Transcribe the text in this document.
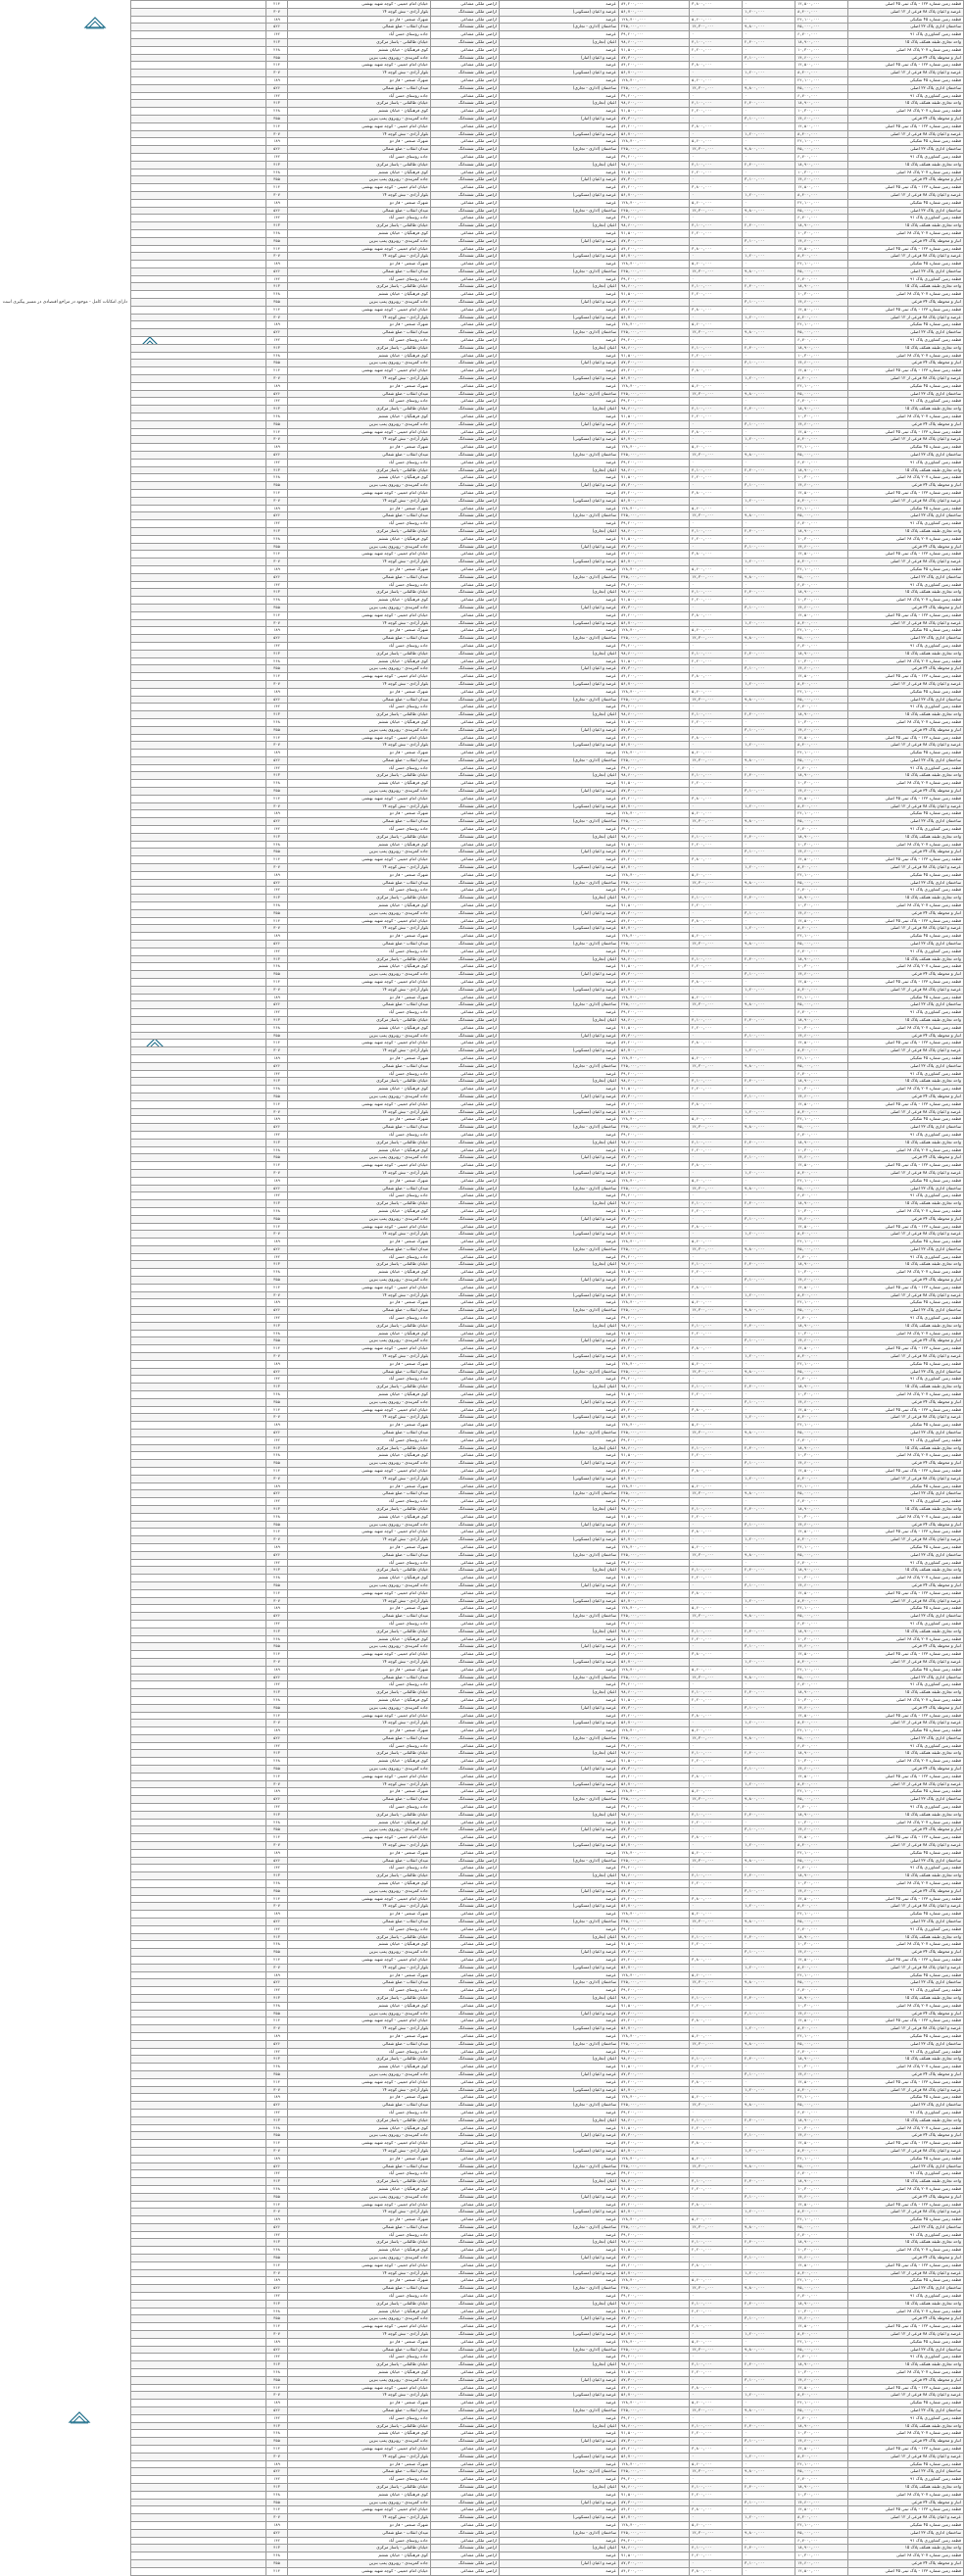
دارای امکانات کامل - موجود در مراجع اقتصادی در مسیر پیگیری است
قطعه زمین شماره ۱۲۳ - پلاک ثبتی ۴۵ اصلی	۱۲,۵۰۰,۰۰۰	۰	۳,۸۰۰,۰۰۰	۸۴,۲۰۰,۰۰۰	عرصه	اراضی ملکی مشاعی	خیابان امام خمینی - کوچه شهید بهشتی	۲۱۴	
عرصه و اعیان پلاک ۷۸ فرعی از ۱۲ اصلی	۸,۴۰۰,۰۰۰	۱,۲۰۰,۰۰۰	۰	۵۶,۷۰۰,۰۰۰	عرصه و اعیان (مسکونی)	اراضی ملکی ششدانگ	بلوار آزادی - نبش کوچه ۱۴	۳۰۷	
قطعه زمین شماره ۴۵ تفکیکی	۲۲,۱۰۰,۰۰۰	۰	۵,۶۰۰,۰۰۰	۱۲۸,۴۰۰,۰۰۰	عرصه	اراضی ملکی مشاعی	شهرک صنعتی - فاز دو	۱۸۹	
ساختمان اداری پلاک ۲۳ اصلی	۴۵,۰۰۰,۰۰۰	۹,۸۰۰,۰۰۰	۱۲,۳۰۰,۰۰۰	۲۴۵,۰۰۰,۰۰۰	ساختمان (اداری - تجاری)	اراضی ملکی ششدانگ	میدان انقلاب - ضلع شمالی	۵۲۶	
قطعه زمین کشاورزی پلاک ۹۱	۶,۷۰۰,۰۰۰	۰	۰	۳۹,۲۰۰,۰۰۰	عرصه	اراضی ملکی مشاعی	جاده روستای حسن آباد	۱۴۲	
واحد تجاری طبقه همکف پلاک ۱۵	۱۸,۹۰۰,۰۰۰	۲,۴۰۰,۰۰۰	۴,۱۰۰,۰۰۰	۹۸,۶۰۰,۰۰۰	اعیان (تجاری)	اراضی ملکی ششدانگ	خیابان طالقانی - پاساژ مرکزی	۴۱۳	
قطعه زمین شماره ۲۰۷ پلاک ۶۸ اصلی	۱۰,۳۰۰,۰۰۰	۰	۲,۲۰۰,۰۰۰	۷۱,۵۰۰,۰۰۰	عرصه	اراضی ملکی مشاعی	کوی فرهنگیان - خیابان ششم	۲۶۸	
انبار و محوطه پلاک ۳۴ فرعی	۱۴,۶۰۰,۰۰۰	۳,۱۰۰,۰۰۰	۰	۸۷,۳۰۰,۰۰۰	عرصه و اعیان (انبار)	اراضی ملکی ششدانگ	جاده کمربندی - روبروی پمپ بنزین	۳۵۵	
قطعه زمین شماره ۱۲۳ - پلاک ثبتی ۴۵ اصلی	۱۲,۵۰۰,۰۰۰	۰	۳,۸۰۰,۰۰۰	۸۴,۲۰۰,۰۰۰	عرصه	اراضی ملکی مشاعی	خیابان امام خمینی - کوچه شهید بهشتی	۲۱۴	
عرصه و اعیان پلاک ۷۸ فرعی از ۱۲ اصلی	۸,۴۰۰,۰۰۰	۱,۲۰۰,۰۰۰	۰	۵۶,۷۰۰,۰۰۰	عرصه و اعیان (مسکونی)	اراضی ملکی ششدانگ	بلوار آزادی - نبش کوچه ۱۴	۳۰۷	
قطعه زمین شماره ۴۵ تفکیکی	۲۲,۱۰۰,۰۰۰	۰	۵,۶۰۰,۰۰۰	۱۲۸,۴۰۰,۰۰۰	عرصه	اراضی ملکی مشاعی	شهرک صنعتی - فاز دو	۱۸۹	
ساختمان اداری پلاک ۲۳ اصلی	۴۵,۰۰۰,۰۰۰	۹,۸۰۰,۰۰۰	۱۲,۳۰۰,۰۰۰	۲۴۵,۰۰۰,۰۰۰	ساختمان (اداری - تجاری)	اراضی ملکی ششدانگ	میدان انقلاب - ضلع شمالی	۵۲۶	
قطعه زمین کشاورزی پلاک ۹۱	۶,۷۰۰,۰۰۰	۰	۰	۳۹,۲۰۰,۰۰۰	عرصه	اراضی ملکی مشاعی	جاده روستای حسن آباد	۱۴۲	
واحد تجاری طبقه همکف پلاک ۱۵	۱۸,۹۰۰,۰۰۰	۲,۴۰۰,۰۰۰	۴,۱۰۰,۰۰۰	۹۸,۶۰۰,۰۰۰	اعیان (تجاری)	اراضی ملکی ششدانگ	خیابان طالقانی - پاساژ مرکزی	۴۱۳	
قطعه زمین شماره ۲۰۷ پلاک ۶۸ اصلی	۱۰,۳۰۰,۰۰۰	۰	۲,۲۰۰,۰۰۰	۷۱,۵۰۰,۰۰۰	عرصه	اراضی ملکی مشاعی	کوی فرهنگیان - خیابان ششم	۲۶۸	
انبار و محوطه پلاک ۳۴ فرعی	۱۴,۶۰۰,۰۰۰	۳,۱۰۰,۰۰۰	۰	۸۷,۳۰۰,۰۰۰	عرصه و اعیان (انبار)	اراضی ملکی ششدانگ	جاده کمربندی - روبروی پمپ بنزین	۳۵۵	
قطعه زمین شماره ۱۲۳ - پلاک ثبتی ۴۵ اصلی	۱۲,۵۰۰,۰۰۰	۰	۳,۸۰۰,۰۰۰	۸۴,۲۰۰,۰۰۰	عرصه	اراضی ملکی مشاعی	خیابان امام خمینی - کوچه شهید بهشتی	۲۱۴	
عرصه و اعیان پلاک ۷۸ فرعی از ۱۲ اصلی	۸,۴۰۰,۰۰۰	۱,۲۰۰,۰۰۰	۰	۵۶,۷۰۰,۰۰۰	عرصه و اعیان (مسکونی)	اراضی ملکی ششدانگ	بلوار آزادی - نبش کوچه ۱۴	۳۰۷	
قطعه زمین شماره ۴۵ تفکیکی	۲۲,۱۰۰,۰۰۰	۰	۵,۶۰۰,۰۰۰	۱۲۸,۴۰۰,۰۰۰	عرصه	اراضی ملکی مشاعی	شهرک صنعتی - فاز دو	۱۸۹	
ساختمان اداری پلاک ۲۳ اصلی	۴۵,۰۰۰,۰۰۰	۹,۸۰۰,۰۰۰	۱۲,۳۰۰,۰۰۰	۲۴۵,۰۰۰,۰۰۰	ساختمان (اداری - تجاری)	اراضی ملکی ششدانگ	میدان انقلاب - ضلع شمالی	۵۲۶	
قطعه زمین کشاورزی پلاک ۹۱	۶,۷۰۰,۰۰۰	۰	۰	۳۹,۲۰۰,۰۰۰	عرصه	اراضی ملکی مشاعی	جاده روستای حسن آباد	۱۴۲	
واحد تجاری طبقه همکف پلاک ۱۵	۱۸,۹۰۰,۰۰۰	۲,۴۰۰,۰۰۰	۴,۱۰۰,۰۰۰	۹۸,۶۰۰,۰۰۰	اعیان (تجاری)	اراضی ملکی ششدانگ	خیابان طالقانی - پاساژ مرکزی	۴۱۳	
قطعه زمین شماره ۲۰۷ پلاک ۶۸ اصلی	۱۰,۳۰۰,۰۰۰	۰	۲,۲۰۰,۰۰۰	۷۱,۵۰۰,۰۰۰	عرصه	اراضی ملکی مشاعی	کوی فرهنگیان - خیابان ششم	۲۶۸	
انبار و محوطه پلاک ۳۴ فرعی	۱۴,۶۰۰,۰۰۰	۳,۱۰۰,۰۰۰	۰	۸۷,۳۰۰,۰۰۰	عرصه و اعیان (انبار)	اراضی ملکی ششدانگ	جاده کمربندی - روبروی پمپ بنزین	۳۵۵	
قطعه زمین شماره ۱۲۳ - پلاک ثبتی ۴۵ اصلی	۱۲,۵۰۰,۰۰۰	۰	۳,۸۰۰,۰۰۰	۸۴,۲۰۰,۰۰۰	عرصه	اراضی ملکی مشاعی	خیابان امام خمینی - کوچه شهید بهشتی	۲۱۴	
عرصه و اعیان پلاک ۷۸ فرعی از ۱۲ اصلی	۸,۴۰۰,۰۰۰	۱,۲۰۰,۰۰۰	۰	۵۶,۷۰۰,۰۰۰	عرصه و اعیان (مسکونی)	اراضی ملکی ششدانگ	بلوار آزادی - نبش کوچه ۱۴	۳۰۷	
قطعه زمین شماره ۴۵ تفکیکی	۲۲,۱۰۰,۰۰۰	۰	۵,۶۰۰,۰۰۰	۱۲۸,۴۰۰,۰۰۰	عرصه	اراضی ملکی مشاعی	شهرک صنعتی - فاز دو	۱۸۹	
ساختمان اداری پلاک ۲۳ اصلی	۴۵,۰۰۰,۰۰۰	۹,۸۰۰,۰۰۰	۱۲,۳۰۰,۰۰۰	۲۴۵,۰۰۰,۰۰۰	ساختمان (اداری - تجاری)	اراضی ملکی ششدانگ	میدان انقلاب - ضلع شمالی	۵۲۶	
قطعه زمین کشاورزی پلاک ۹۱	۶,۷۰۰,۰۰۰	۰	۰	۳۹,۲۰۰,۰۰۰	عرصه	اراضی ملکی مشاعی	جاده روستای حسن آباد	۱۴۲	
واحد تجاری طبقه همکف پلاک ۱۵	۱۸,۹۰۰,۰۰۰	۲,۴۰۰,۰۰۰	۴,۱۰۰,۰۰۰	۹۸,۶۰۰,۰۰۰	اعیان (تجاری)	اراضی ملکی ششدانگ	خیابان طالقانی - پاساژ مرکزی	۴۱۳	
قطعه زمین شماره ۲۰۷ پلاک ۶۸ اصلی	۱۰,۳۰۰,۰۰۰	۰	۲,۲۰۰,۰۰۰	۷۱,۵۰۰,۰۰۰	عرصه	اراضی ملکی مشاعی	کوی فرهنگیان - خیابان ششم	۲۶۸	
انبار و محوطه پلاک ۳۴ فرعی	۱۴,۶۰۰,۰۰۰	۳,۱۰۰,۰۰۰	۰	۸۷,۳۰۰,۰۰۰	عرصه و اعیان (انبار)	اراضی ملکی ششدانگ	جاده کمربندی - روبروی پمپ بنزین	۳۵۵	
قطعه زمین شماره ۱۲۳ - پلاک ثبتی ۴۵ اصلی	۱۲,۵۰۰,۰۰۰	۰	۳,۸۰۰,۰۰۰	۸۴,۲۰۰,۰۰۰	عرصه	اراضی ملکی مشاعی	خیابان امام خمینی - کوچه شهید بهشتی	۲۱۴	
عرصه و اعیان پلاک ۷۸ فرعی از ۱۲ اصلی	۸,۴۰۰,۰۰۰	۱,۲۰۰,۰۰۰	۰	۵۶,۷۰۰,۰۰۰	عرصه و اعیان (مسکونی)	اراضی ملکی ششدانگ	بلوار آزادی - نبش کوچه ۱۴	۳۰۷	
قطعه زمین شماره ۴۵ تفکیکی	۲۲,۱۰۰,۰۰۰	۰	۵,۶۰۰,۰۰۰	۱۲۸,۴۰۰,۰۰۰	عرصه	اراضی ملکی مشاعی	شهرک صنعتی - فاز دو	۱۸۹	
ساختمان اداری پلاک ۲۳ اصلی	۴۵,۰۰۰,۰۰۰	۹,۸۰۰,۰۰۰	۱۲,۳۰۰,۰۰۰	۲۴۵,۰۰۰,۰۰۰	ساختمان (اداری - تجاری)	اراضی ملکی ششدانگ	میدان انقلاب - ضلع شمالی	۵۲۶	
قطعه زمین کشاورزی پلاک ۹۱	۶,۷۰۰,۰۰۰	۰	۰	۳۹,۲۰۰,۰۰۰	عرصه	اراضی ملکی مشاعی	جاده روستای حسن آباد	۱۴۲	
واحد تجاری طبقه همکف پلاک ۱۵	۱۸,۹۰۰,۰۰۰	۲,۴۰۰,۰۰۰	۴,۱۰۰,۰۰۰	۹۸,۶۰۰,۰۰۰	اعیان (تجاری)	اراضی ملکی ششدانگ	خیابان طالقانی - پاساژ مرکزی	۴۱۳	
قطعه زمین شماره ۲۰۷ پلاک ۶۸ اصلی	۱۰,۳۰۰,۰۰۰	۰	۲,۲۰۰,۰۰۰	۷۱,۵۰۰,۰۰۰	عرصه	اراضی ملکی مشاعی	کوی فرهنگیان - خیابان ششم	۲۶۸	
انبار و محوطه پلاک ۳۴ فرعی	۱۴,۶۰۰,۰۰۰	۳,۱۰۰,۰۰۰	۰	۸۷,۳۰۰,۰۰۰	عرصه و اعیان (انبار)	اراضی ملکی ششدانگ	جاده کمربندی - روبروی پمپ بنزین	۳۵۵	
قطعه زمین شماره ۱۲۳ - پلاک ثبتی ۴۵ اصلی	۱۲,۵۰۰,۰۰۰	۰	۳,۸۰۰,۰۰۰	۸۴,۲۰۰,۰۰۰	عرصه	اراضی ملکی مشاعی	خیابان امام خمینی - کوچه شهید بهشتی	۲۱۴	
عرصه و اعیان پلاک ۷۸ فرعی از ۱۲ اصلی	۸,۴۰۰,۰۰۰	۱,۲۰۰,۰۰۰	۰	۵۶,۷۰۰,۰۰۰	عرصه و اعیان (مسکونی)	اراضی ملکی ششدانگ	بلوار آزادی - نبش کوچه ۱۴	۳۰۷	
قطعه زمین شماره ۴۵ تفکیکی	۲۲,۱۰۰,۰۰۰	۰	۵,۶۰۰,۰۰۰	۱۲۸,۴۰۰,۰۰۰	عرصه	اراضی ملکی مشاعی	شهرک صنعتی - فاز دو	۱۸۹	
ساختمان اداری پلاک ۲۳ اصلی	۴۵,۰۰۰,۰۰۰	۹,۸۰۰,۰۰۰	۱۲,۳۰۰,۰۰۰	۲۴۵,۰۰۰,۰۰۰	ساختمان (اداری - تجاری)	اراضی ملکی ششدانگ	میدان انقلاب - ضلع شمالی	۵۲۶	
قطعه زمین کشاورزی پلاک ۹۱	۶,۷۰۰,۰۰۰	۰	۰	۳۹,۲۰۰,۰۰۰	عرصه	اراضی ملکی مشاعی	جاده روستای حسن آباد	۱۴۲	
واحد تجاری طبقه همکف پلاک ۱۵	۱۸,۹۰۰,۰۰۰	۲,۴۰۰,۰۰۰	۴,۱۰۰,۰۰۰	۹۸,۶۰۰,۰۰۰	اعیان (تجاری)	اراضی ملکی ششدانگ	خیابان طالقانی - پاساژ مرکزی	۴۱۳	
قطعه زمین شماره ۲۰۷ پلاک ۶۸ اصلی	۱۰,۳۰۰,۰۰۰	۰	۲,۲۰۰,۰۰۰	۷۱,۵۰۰,۰۰۰	عرصه	اراضی ملکی مشاعی	کوی فرهنگیان - خیابان ششم	۲۶۸	
انبار و محوطه پلاک ۳۴ فرعی	۱۴,۶۰۰,۰۰۰	۳,۱۰۰,۰۰۰	۰	۸۷,۳۰۰,۰۰۰	عرصه و اعیان (انبار)	اراضی ملکی ششدانگ	جاده کمربندی - روبروی پمپ بنزین	۳۵۵	
قطعه زمین شماره ۱۲۳ - پلاک ثبتی ۴۵ اصلی	۱۲,۵۰۰,۰۰۰	۰	۳,۸۰۰,۰۰۰	۸۴,۲۰۰,۰۰۰	عرصه	اراضی ملکی مشاعی	خیابان امام خمینی - کوچه شهید بهشتی	۲۱۴	
عرصه و اعیان پلاک ۷۸ فرعی از ۱۲ اصلی	۸,۴۰۰,۰۰۰	۱,۲۰۰,۰۰۰	۰	۵۶,۷۰۰,۰۰۰	عرصه و اعیان (مسکونی)	اراضی ملکی ششدانگ	بلوار آزادی - نبش کوچه ۱۴	۳۰۷	
قطعه زمین شماره ۴۵ تفکیکی	۲۲,۱۰۰,۰۰۰	۰	۵,۶۰۰,۰۰۰	۱۲۸,۴۰۰,۰۰۰	عرصه	اراضی ملکی مشاعی	شهرک صنعتی - فاز دو	۱۸۹	
ساختمان اداری پلاک ۲۳ اصلی	۴۵,۰۰۰,۰۰۰	۹,۸۰۰,۰۰۰	۱۲,۳۰۰,۰۰۰	۲۴۵,۰۰۰,۰۰۰	ساختمان (اداری - تجاری)	اراضی ملکی ششدانگ	میدان انقلاب - ضلع شمالی	۵۲۶	
قطعه زمین کشاورزی پلاک ۹۱	۶,۷۰۰,۰۰۰	۰	۰	۳۹,۲۰۰,۰۰۰	عرصه	اراضی ملکی مشاعی	جاده روستای حسن آباد	۱۴۲	
واحد تجاری طبقه همکف پلاک ۱۵	۱۸,۹۰۰,۰۰۰	۲,۴۰۰,۰۰۰	۴,۱۰۰,۰۰۰	۹۸,۶۰۰,۰۰۰	اعیان (تجاری)	اراضی ملکی ششدانگ	خیابان طالقانی - پاساژ مرکزی	۴۱۳	
قطعه زمین شماره ۲۰۷ پلاک ۶۸ اصلی	۱۰,۳۰۰,۰۰۰	۰	۲,۲۰۰,۰۰۰	۷۱,۵۰۰,۰۰۰	عرصه	اراضی ملکی مشاعی	کوی فرهنگیان - خیابان ششم	۲۶۸	
انبار و محوطه پلاک ۳۴ فرعی	۱۴,۶۰۰,۰۰۰	۳,۱۰۰,۰۰۰	۰	۸۷,۳۰۰,۰۰۰	عرصه و اعیان (انبار)	اراضی ملکی ششدانگ	جاده کمربندی - روبروی پمپ بنزین	۳۵۵	
قطعه زمین شماره ۱۲۳ - پلاک ثبتی ۴۵ اصلی	۱۲,۵۰۰,۰۰۰	۰	۳,۸۰۰,۰۰۰	۸۴,۲۰۰,۰۰۰	عرصه	اراضی ملکی مشاعی	خیابان امام خمینی - کوچه شهید بهشتی	۲۱۴	
عرصه و اعیان پلاک ۷۸ فرعی از ۱۲ اصلی	۸,۴۰۰,۰۰۰	۱,۲۰۰,۰۰۰	۰	۵۶,۷۰۰,۰۰۰	عرصه و اعیان (مسکونی)	اراضی ملکی ششدانگ	بلوار آزادی - نبش کوچه ۱۴	۳۰۷	
قطعه زمین شماره ۴۵ تفکیکی	۲۲,۱۰۰,۰۰۰	۰	۵,۶۰۰,۰۰۰	۱۲۸,۴۰۰,۰۰۰	عرصه	اراضی ملکی مشاعی	شهرک صنعتی - فاز دو	۱۸۹	
ساختمان اداری پلاک ۲۳ اصلی	۴۵,۰۰۰,۰۰۰	۹,۸۰۰,۰۰۰	۱۲,۳۰۰,۰۰۰	۲۴۵,۰۰۰,۰۰۰	ساختمان (اداری - تجاری)	اراضی ملکی ششدانگ	میدان انقلاب - ضلع شمالی	۵۲۶	
قطعه زمین کشاورزی پلاک ۹۱	۶,۷۰۰,۰۰۰	۰	۰	۳۹,۲۰۰,۰۰۰	عرصه	اراضی ملکی مشاعی	جاده روستای حسن آباد	۱۴۲	
واحد تجاری طبقه همکف پلاک ۱۵	۱۸,۹۰۰,۰۰۰	۲,۴۰۰,۰۰۰	۴,۱۰۰,۰۰۰	۹۸,۶۰۰,۰۰۰	اعیان (تجاری)	اراضی ملکی ششدانگ	خیابان طالقانی - پاساژ مرکزی	۴۱۳	
قطعه زمین شماره ۲۰۷ پلاک ۶۸ اصلی	۱۰,۳۰۰,۰۰۰	۰	۲,۲۰۰,۰۰۰	۷۱,۵۰۰,۰۰۰	عرصه	اراضی ملکی مشاعی	کوی فرهنگیان - خیابان ششم	۲۶۸	
انبار و محوطه پلاک ۳۴ فرعی	۱۴,۶۰۰,۰۰۰	۳,۱۰۰,۰۰۰	۰	۸۷,۳۰۰,۰۰۰	عرصه و اعیان (انبار)	اراضی ملکی ششدانگ	جاده کمربندی - روبروی پمپ بنزین	۳۵۵	
قطعه زمین شماره ۱۲۳ - پلاک ثبتی ۴۵ اصلی	۱۲,۵۰۰,۰۰۰	۰	۳,۸۰۰,۰۰۰	۸۴,۲۰۰,۰۰۰	عرصه	اراضی ملکی مشاعی	خیابان امام خمینی - کوچه شهید بهشتی	۲۱۴	
عرصه و اعیان پلاک ۷۸ فرعی از ۱۲ اصلی	۸,۴۰۰,۰۰۰	۱,۲۰۰,۰۰۰	۰	۵۶,۷۰۰,۰۰۰	عرصه و اعیان (مسکونی)	اراضی ملکی ششدانگ	بلوار آزادی - نبش کوچه ۱۴	۳۰۷	
قطعه زمین شماره ۴۵ تفکیکی	۲۲,۱۰۰,۰۰۰	۰	۵,۶۰۰,۰۰۰	۱۲۸,۴۰۰,۰۰۰	عرصه	اراضی ملکی مشاعی	شهرک صنعتی - فاز دو	۱۸۹	
ساختمان اداری پلاک ۲۳ اصلی	۴۵,۰۰۰,۰۰۰	۹,۸۰۰,۰۰۰	۱۲,۳۰۰,۰۰۰	۲۴۵,۰۰۰,۰۰۰	ساختمان (اداری - تجاری)	اراضی ملکی ششدانگ	میدان انقلاب - ضلع شمالی	۵۲۶	
قطعه زمین کشاورزی پلاک ۹۱	۶,۷۰۰,۰۰۰	۰	۰	۳۹,۲۰۰,۰۰۰	عرصه	اراضی ملکی مشاعی	جاده روستای حسن آباد	۱۴۲	
واحد تجاری طبقه همکف پلاک ۱۵	۱۸,۹۰۰,۰۰۰	۲,۴۰۰,۰۰۰	۴,۱۰۰,۰۰۰	۹۸,۶۰۰,۰۰۰	اعیان (تجاری)	اراضی ملکی ششدانگ	خیابان طالقانی - پاساژ مرکزی	۴۱۳	
قطعه زمین شماره ۲۰۷ پلاک ۶۸ اصلی	۱۰,۳۰۰,۰۰۰	۰	۲,۲۰۰,۰۰۰	۷۱,۵۰۰,۰۰۰	عرصه	اراضی ملکی مشاعی	کوی فرهنگیان - خیابان ششم	۲۶۸	
انبار و محوطه پلاک ۳۴ فرعی	۱۴,۶۰۰,۰۰۰	۳,۱۰۰,۰۰۰	۰	۸۷,۳۰۰,۰۰۰	عرصه و اعیان (انبار)	اراضی ملکی ششدانگ	جاده کمربندی - روبروی پمپ بنزین	۳۵۵	
قطعه زمین شماره ۱۲۳ - پلاک ثبتی ۴۵ اصلی	۱۲,۵۰۰,۰۰۰	۰	۳,۸۰۰,۰۰۰	۸۴,۲۰۰,۰۰۰	عرصه	اراضی ملکی مشاعی	خیابان امام خمینی - کوچه شهید بهشتی	۲۱۴	
عرصه و اعیان پلاک ۷۸ فرعی از ۱۲ اصلی	۸,۴۰۰,۰۰۰	۱,۲۰۰,۰۰۰	۰	۵۶,۷۰۰,۰۰۰	عرصه و اعیان (مسکونی)	اراضی ملکی ششدانگ	بلوار آزادی - نبش کوچه ۱۴	۳۰۷	
قطعه زمین شماره ۴۵ تفکیکی	۲۲,۱۰۰,۰۰۰	۰	۵,۶۰۰,۰۰۰	۱۲۸,۴۰۰,۰۰۰	عرصه	اراضی ملکی مشاعی	شهرک صنعتی - فاز دو	۱۸۹	
ساختمان اداری پلاک ۲۳ اصلی	۴۵,۰۰۰,۰۰۰	۹,۸۰۰,۰۰۰	۱۲,۳۰۰,۰۰۰	۲۴۵,۰۰۰,۰۰۰	ساختمان (اداری - تجاری)	اراضی ملکی ششدانگ	میدان انقلاب - ضلع شمالی	۵۲۶	
قطعه زمین کشاورزی پلاک ۹۱	۶,۷۰۰,۰۰۰	۰	۰	۳۹,۲۰۰,۰۰۰	عرصه	اراضی ملکی مشاعی	جاده روستای حسن آباد	۱۴۲	
واحد تجاری طبقه همکف پلاک ۱۵	۱۸,۹۰۰,۰۰۰	۲,۴۰۰,۰۰۰	۴,۱۰۰,۰۰۰	۹۸,۶۰۰,۰۰۰	اعیان (تجاری)	اراضی ملکی ششدانگ	خیابان طالقانی - پاساژ مرکزی	۴۱۳	
قطعه زمین شماره ۲۰۷ پلاک ۶۸ اصلی	۱۰,۳۰۰,۰۰۰	۰	۲,۲۰۰,۰۰۰	۷۱,۵۰۰,۰۰۰	عرصه	اراضی ملکی مشاعی	کوی فرهنگیان - خیابان ششم	۲۶۸	
انبار و محوطه پلاک ۳۴ فرعی	۱۴,۶۰۰,۰۰۰	۳,۱۰۰,۰۰۰	۰	۸۷,۳۰۰,۰۰۰	عرصه و اعیان (انبار)	اراضی ملکی ششدانگ	جاده کمربندی - روبروی پمپ بنزین	۳۵۵	
قطعه زمین شماره ۱۲۳ - پلاک ثبتی ۴۵ اصلی	۱۲,۵۰۰,۰۰۰	۰	۳,۸۰۰,۰۰۰	۸۴,۲۰۰,۰۰۰	عرصه	اراضی ملکی مشاعی	خیابان امام خمینی - کوچه شهید بهشتی	۲۱۴	
عرصه و اعیان پلاک ۷۸ فرعی از ۱۲ اصلی	۸,۴۰۰,۰۰۰	۱,۲۰۰,۰۰۰	۰	۵۶,۷۰۰,۰۰۰	عرصه و اعیان (مسکونی)	اراضی ملکی ششدانگ	بلوار آزادی - نبش کوچه ۱۴	۳۰۷	
قطعه زمین شماره ۴۵ تفکیکی	۲۲,۱۰۰,۰۰۰	۰	۵,۶۰۰,۰۰۰	۱۲۸,۴۰۰,۰۰۰	عرصه	اراضی ملکی مشاعی	شهرک صنعتی - فاز دو	۱۸۹	
ساختمان اداری پلاک ۲۳ اصلی	۴۵,۰۰۰,۰۰۰	۹,۸۰۰,۰۰۰	۱۲,۳۰۰,۰۰۰	۲۴۵,۰۰۰,۰۰۰	ساختمان (اداری - تجاری)	اراضی ملکی ششدانگ	میدان انقلاب - ضلع شمالی	۵۲۶	
قطعه زمین کشاورزی پلاک ۹۱	۶,۷۰۰,۰۰۰	۰	۰	۳۹,۲۰۰,۰۰۰	عرصه	اراضی ملکی مشاعی	جاده روستای حسن آباد	۱۴۲	
واحد تجاری طبقه همکف پلاک ۱۵	۱۸,۹۰۰,۰۰۰	۲,۴۰۰,۰۰۰	۴,۱۰۰,۰۰۰	۹۸,۶۰۰,۰۰۰	اعیان (تجاری)	اراضی ملکی ششدانگ	خیابان طالقانی - پاساژ مرکزی	۴۱۳	
قطعه زمین شماره ۲۰۷ پلاک ۶۸ اصلی	۱۰,۳۰۰,۰۰۰	۰	۲,۲۰۰,۰۰۰	۷۱,۵۰۰,۰۰۰	عرصه	اراضی ملکی مشاعی	کوی فرهنگیان - خیابان ششم	۲۶۸	
انبار و محوطه پلاک ۳۴ فرعی	۱۴,۶۰۰,۰۰۰	۳,۱۰۰,۰۰۰	۰	۸۷,۳۰۰,۰۰۰	عرصه و اعیان (انبار)	اراضی ملکی ششدانگ	جاده کمربندی - روبروی پمپ بنزین	۳۵۵	
قطعه زمین شماره ۱۲۳ - پلاک ثبتی ۴۵ اصلی	۱۲,۵۰۰,۰۰۰	۰	۳,۸۰۰,۰۰۰	۸۴,۲۰۰,۰۰۰	عرصه	اراضی ملکی مشاعی	خیابان امام خمینی - کوچه شهید بهشتی	۲۱۴	
عرصه و اعیان پلاک ۷۸ فرعی از ۱۲ اصلی	۸,۴۰۰,۰۰۰	۱,۲۰۰,۰۰۰	۰	۵۶,۷۰۰,۰۰۰	عرصه و اعیان (مسکونی)	اراضی ملکی ششدانگ	بلوار آزادی - نبش کوچه ۱۴	۳۰۷	
قطعه زمین شماره ۴۵ تفکیکی	۲۲,۱۰۰,۰۰۰	۰	۵,۶۰۰,۰۰۰	۱۲۸,۴۰۰,۰۰۰	عرصه	اراضی ملکی مشاعی	شهرک صنعتی - فاز دو	۱۸۹	
ساختمان اداری پلاک ۲۳ اصلی	۴۵,۰۰۰,۰۰۰	۹,۸۰۰,۰۰۰	۱۲,۳۰۰,۰۰۰	۲۴۵,۰۰۰,۰۰۰	ساختمان (اداری - تجاری)	اراضی ملکی ششدانگ	میدان انقلاب - ضلع شمالی	۵۲۶	
قطعه زمین کشاورزی پلاک ۹۱	۶,۷۰۰,۰۰۰	۰	۰	۳۹,۲۰۰,۰۰۰	عرصه	اراضی ملکی مشاعی	جاده روستای حسن آباد	۱۴۲	
واحد تجاری طبقه همکف پلاک ۱۵	۱۸,۹۰۰,۰۰۰	۲,۴۰۰,۰۰۰	۴,۱۰۰,۰۰۰	۹۸,۶۰۰,۰۰۰	اعیان (تجاری)	اراضی ملکی ششدانگ	خیابان طالقانی - پاساژ مرکزی	۴۱۳	
قطعه زمین شماره ۲۰۷ پلاک ۶۸ اصلی	۱۰,۳۰۰,۰۰۰	۰	۲,۲۰۰,۰۰۰	۷۱,۵۰۰,۰۰۰	عرصه	اراضی ملکی مشاعی	کوی فرهنگیان - خیابان ششم	۲۶۸	
انبار و محوطه پلاک ۳۴ فرعی	۱۴,۶۰۰,۰۰۰	۳,۱۰۰,۰۰۰	۰	۸۷,۳۰۰,۰۰۰	عرصه و اعیان (انبار)	اراضی ملکی ششدانگ	جاده کمربندی - روبروی پمپ بنزین	۳۵۵	
قطعه زمین شماره ۱۲۳ - پلاک ثبتی ۴۵ اصلی	۱۲,۵۰۰,۰۰۰	۰	۳,۸۰۰,۰۰۰	۸۴,۲۰۰,۰۰۰	عرصه	اراضی ملکی مشاعی	خیابان امام خمینی - کوچه شهید بهشتی	۲۱۴	
عرصه و اعیان پلاک ۷۸ فرعی از ۱۲ اصلی	۸,۴۰۰,۰۰۰	۱,۲۰۰,۰۰۰	۰	۵۶,۷۰۰,۰۰۰	عرصه و اعیان (مسکونی)	اراضی ملکی ششدانگ	بلوار آزادی - نبش کوچه ۱۴	۳۰۷	
قطعه زمین شماره ۴۵ تفکیکی	۲۲,۱۰۰,۰۰۰	۰	۵,۶۰۰,۰۰۰	۱۲۸,۴۰۰,۰۰۰	عرصه	اراضی ملکی مشاعی	شهرک صنعتی - فاز دو	۱۸۹	
ساختمان اداری پلاک ۲۳ اصلی	۴۵,۰۰۰,۰۰۰	۹,۸۰۰,۰۰۰	۱۲,۳۰۰,۰۰۰	۲۴۵,۰۰۰,۰۰۰	ساختمان (اداری - تجاری)	اراضی ملکی ششدانگ	میدان انقلاب - ضلع شمالی	۵۲۶	
قطعه زمین کشاورزی پلاک ۹۱	۶,۷۰۰,۰۰۰	۰	۰	۳۹,۲۰۰,۰۰۰	عرصه	اراضی ملکی مشاعی	جاده روستای حسن آباد	۱۴۲	
واحد تجاری طبقه همکف پلاک ۱۵	۱۸,۹۰۰,۰۰۰	۲,۴۰۰,۰۰۰	۴,۱۰۰,۰۰۰	۹۸,۶۰۰,۰۰۰	اعیان (تجاری)	اراضی ملکی ششدانگ	خیابان طالقانی - پاساژ مرکزی	۴۱۳	
قطعه زمین شماره ۲۰۷ پلاک ۶۸ اصلی	۱۰,۳۰۰,۰۰۰	۰	۲,۲۰۰,۰۰۰	۷۱,۵۰۰,۰۰۰	عرصه	اراضی ملکی مشاعی	کوی فرهنگیان - خیابان ششم	۲۶۸	
انبار و محوطه پلاک ۳۴ فرعی	۱۴,۶۰۰,۰۰۰	۳,۱۰۰,۰۰۰	۰	۸۷,۳۰۰,۰۰۰	عرصه و اعیان (انبار)	اراضی ملکی ششدانگ	جاده کمربندی - روبروی پمپ بنزین	۳۵۵	
قطعه زمین شماره ۱۲۳ - پلاک ثبتی ۴۵ اصلی	۱۲,۵۰۰,۰۰۰	۰	۳,۸۰۰,۰۰۰	۸۴,۲۰۰,۰۰۰	عرصه	اراضی ملکی مشاعی	خیابان امام خمینی - کوچه شهید بهشتی	۲۱۴	
عرصه و اعیان پلاک ۷۸ فرعی از ۱۲ اصلی	۸,۴۰۰,۰۰۰	۱,۲۰۰,۰۰۰	۰	۵۶,۷۰۰,۰۰۰	عرصه و اعیان (مسکونی)	اراضی ملکی ششدانگ	بلوار آزادی - نبش کوچه ۱۴	۳۰۷	
قطعه زمین شماره ۴۵ تفکیکی	۲۲,۱۰۰,۰۰۰	۰	۵,۶۰۰,۰۰۰	۱۲۸,۴۰۰,۰۰۰	عرصه	اراضی ملکی مشاعی	شهرک صنعتی - فاز دو	۱۸۹	
ساختمان اداری پلاک ۲۳ اصلی	۴۵,۰۰۰,۰۰۰	۹,۸۰۰,۰۰۰	۱۲,۳۰۰,۰۰۰	۲۴۵,۰۰۰,۰۰۰	ساختمان (اداری - تجاری)	اراضی ملکی ششدانگ	میدان انقلاب - ضلع شمالی	۵۲۶	
قطعه زمین کشاورزی پلاک ۹۱	۶,۷۰۰,۰۰۰	۰	۰	۳۹,۲۰۰,۰۰۰	عرصه	اراضی ملکی مشاعی	جاده روستای حسن آباد	۱۴۲	
واحد تجاری طبقه همکف پلاک ۱۵	۱۸,۹۰۰,۰۰۰	۲,۴۰۰,۰۰۰	۴,۱۰۰,۰۰۰	۹۸,۶۰۰,۰۰۰	اعیان (تجاری)	اراضی ملکی ششدانگ	خیابان طالقانی - پاساژ مرکزی	۴۱۳	
قطعه زمین شماره ۲۰۷ پلاک ۶۸ اصلی	۱۰,۳۰۰,۰۰۰	۰	۲,۲۰۰,۰۰۰	۷۱,۵۰۰,۰۰۰	عرصه	اراضی ملکی مشاعی	کوی فرهنگیان - خیابان ششم	۲۶۸	
انبار و محوطه پلاک ۳۴ فرعی	۱۴,۶۰۰,۰۰۰	۳,۱۰۰,۰۰۰	۰	۸۷,۳۰۰,۰۰۰	عرصه و اعیان (انبار)	اراضی ملکی ششدانگ	جاده کمربندی - روبروی پمپ بنزین	۳۵۵	
قطعه زمین شماره ۱۲۳ - پلاک ثبتی ۴۵ اصلی	۱۲,۵۰۰,۰۰۰	۰	۳,۸۰۰,۰۰۰	۸۴,۲۰۰,۰۰۰	عرصه	اراضی ملکی مشاعی	خیابان امام خمینی - کوچه شهید بهشتی	۲۱۴	
عرصه و اعیان پلاک ۷۸ فرعی از ۱۲ اصلی	۸,۴۰۰,۰۰۰	۱,۲۰۰,۰۰۰	۰	۵۶,۷۰۰,۰۰۰	عرصه و اعیان (مسکونی)	اراضی ملکی ششدانگ	بلوار آزادی - نبش کوچه ۱۴	۳۰۷	
قطعه زمین شماره ۴۵ تفکیکی	۲۲,۱۰۰,۰۰۰	۰	۵,۶۰۰,۰۰۰	۱۲۸,۴۰۰,۰۰۰	عرصه	اراضی ملکی مشاعی	شهرک صنعتی - فاز دو	۱۸۹	
ساختمان اداری پلاک ۲۳ اصلی	۴۵,۰۰۰,۰۰۰	۹,۸۰۰,۰۰۰	۱۲,۳۰۰,۰۰۰	۲۴۵,۰۰۰,۰۰۰	ساختمان (اداری - تجاری)	اراضی ملکی ششدانگ	میدان انقلاب - ضلع شمالی	۵۲۶	
قطعه زمین کشاورزی پلاک ۹۱	۶,۷۰۰,۰۰۰	۰	۰	۳۹,۲۰۰,۰۰۰	عرصه	اراضی ملکی مشاعی	جاده روستای حسن آباد	۱۴۲	
واحد تجاری طبقه همکف پلاک ۱۵	۱۸,۹۰۰,۰۰۰	۲,۴۰۰,۰۰۰	۴,۱۰۰,۰۰۰	۹۸,۶۰۰,۰۰۰	اعیان (تجاری)	اراضی ملکی ششدانگ	خیابان طالقانی - پاساژ مرکزی	۴۱۳	
قطعه زمین شماره ۲۰۷ پلاک ۶۸ اصلی	۱۰,۳۰۰,۰۰۰	۰	۲,۲۰۰,۰۰۰	۷۱,۵۰۰,۰۰۰	عرصه	اراضی ملکی مشاعی	کوی فرهنگیان - خیابان ششم	۲۶۸	
انبار و محوطه پلاک ۳۴ فرعی	۱۴,۶۰۰,۰۰۰	۳,۱۰۰,۰۰۰	۰	۸۷,۳۰۰,۰۰۰	عرصه و اعیان (انبار)	اراضی ملکی ششدانگ	جاده کمربندی - روبروی پمپ بنزین	۳۵۵	
قطعه زمین شماره ۱۲۳ - پلاک ثبتی ۴۵ اصلی	۱۲,۵۰۰,۰۰۰	۰	۳,۸۰۰,۰۰۰	۸۴,۲۰۰,۰۰۰	عرصه	اراضی ملکی مشاعی	خیابان امام خمینی - کوچه شهید بهشتی	۲۱۴	
عرصه و اعیان پلاک ۷۸ فرعی از ۱۲ اصلی	۸,۴۰۰,۰۰۰	۱,۲۰۰,۰۰۰	۰	۵۶,۷۰۰,۰۰۰	عرصه و اعیان (مسکونی)	اراضی ملکی ششدانگ	بلوار آزادی - نبش کوچه ۱۴	۳۰۷	
قطعه زمین شماره ۴۵ تفکیکی	۲۲,۱۰۰,۰۰۰	۰	۵,۶۰۰,۰۰۰	۱۲۸,۴۰۰,۰۰۰	عرصه	اراضی ملکی مشاعی	شهرک صنعتی - فاز دو	۱۸۹	
ساختمان اداری پلاک ۲۳ اصلی	۴۵,۰۰۰,۰۰۰	۹,۸۰۰,۰۰۰	۱۲,۳۰۰,۰۰۰	۲۴۵,۰۰۰,۰۰۰	ساختمان (اداری - تجاری)	اراضی ملکی ششدانگ	میدان انقلاب - ضلع شمالی	۵۲۶	
قطعه زمین کشاورزی پلاک ۹۱	۶,۷۰۰,۰۰۰	۰	۰	۳۹,۲۰۰,۰۰۰	عرصه	اراضی ملکی مشاعی	جاده روستای حسن آباد	۱۴۲	
واحد تجاری طبقه همکف پلاک ۱۵	۱۸,۹۰۰,۰۰۰	۲,۴۰۰,۰۰۰	۴,۱۰۰,۰۰۰	۹۸,۶۰۰,۰۰۰	اعیان (تجاری)	اراضی ملکی ششدانگ	خیابان طالقانی - پاساژ مرکزی	۴۱۳	
قطعه زمین شماره ۲۰۷ پلاک ۶۸ اصلی	۱۰,۳۰۰,۰۰۰	۰	۲,۲۰۰,۰۰۰	۷۱,۵۰۰,۰۰۰	عرصه	اراضی ملکی مشاعی	کوی فرهنگیان - خیابان ششم	۲۶۸	
انبار و محوطه پلاک ۳۴ فرعی	۱۴,۶۰۰,۰۰۰	۳,۱۰۰,۰۰۰	۰	۸۷,۳۰۰,۰۰۰	عرصه و اعیان (انبار)	اراضی ملکی ششدانگ	جاده کمربندی - روبروی پمپ بنزین	۳۵۵	
قطعه زمین شماره ۱۲۳ - پلاک ثبتی ۴۵ اصلی	۱۲,۵۰۰,۰۰۰	۰	۳,۸۰۰,۰۰۰	۸۴,۲۰۰,۰۰۰	عرصه	اراضی ملکی مشاعی	خیابان امام خمینی - کوچه شهید بهشتی	۲۱۴	
عرصه و اعیان پلاک ۷۸ فرعی از ۱۲ اصلی	۸,۴۰۰,۰۰۰	۱,۲۰۰,۰۰۰	۰	۵۶,۷۰۰,۰۰۰	عرصه و اعیان (مسکونی)	اراضی ملکی ششدانگ	بلوار آزادی - نبش کوچه ۱۴	۳۰۷	
قطعه زمین شماره ۴۵ تفکیکی	۲۲,۱۰۰,۰۰۰	۰	۵,۶۰۰,۰۰۰	۱۲۸,۴۰۰,۰۰۰	عرصه	اراضی ملکی مشاعی	شهرک صنعتی - فاز دو	۱۸۹	
ساختمان اداری پلاک ۲۳ اصلی	۴۵,۰۰۰,۰۰۰	۹,۸۰۰,۰۰۰	۱۲,۳۰۰,۰۰۰	۲۴۵,۰۰۰,۰۰۰	ساختمان (اداری - تجاری)	اراضی ملکی ششدانگ	میدان انقلاب - ضلع شمالی	۵۲۶	
قطعه زمین کشاورزی پلاک ۹۱	۶,۷۰۰,۰۰۰	۰	۰	۳۹,۲۰۰,۰۰۰	عرصه	اراضی ملکی مشاعی	جاده روستای حسن آباد	۱۴۲	
واحد تجاری طبقه همکف پلاک ۱۵	۱۸,۹۰۰,۰۰۰	۲,۴۰۰,۰۰۰	۴,۱۰۰,۰۰۰	۹۸,۶۰۰,۰۰۰	اعیان (تجاری)	اراضی ملکی ششدانگ	خیابان طالقانی - پاساژ مرکزی	۴۱۳	
قطعه زمین شماره ۲۰۷ پلاک ۶۸ اصلی	۱۰,۳۰۰,۰۰۰	۰	۲,۲۰۰,۰۰۰	۷۱,۵۰۰,۰۰۰	عرصه	اراضی ملکی مشاعی	کوی فرهنگیان - خیابان ششم	۲۶۸	
انبار و محوطه پلاک ۳۴ فرعی	۱۴,۶۰۰,۰۰۰	۳,۱۰۰,۰۰۰	۰	۸۷,۳۰۰,۰۰۰	عرصه و اعیان (انبار)	اراضی ملکی ششدانگ	جاده کمربندی - روبروی پمپ بنزین	۳۵۵	
قطعه زمین شماره ۱۲۳ - پلاک ثبتی ۴۵ اصلی	۱۲,۵۰۰,۰۰۰	۰	۳,۸۰۰,۰۰۰	۸۴,۲۰۰,۰۰۰	عرصه	اراضی ملکی مشاعی	خیابان امام خمینی - کوچه شهید بهشتی	۲۱۴	
عرصه و اعیان پلاک ۷۸ فرعی از ۱۲ اصلی	۸,۴۰۰,۰۰۰	۱,۲۰۰,۰۰۰	۰	۵۶,۷۰۰,۰۰۰	عرصه و اعیان (مسکونی)	اراضی ملکی ششدانگ	بلوار آزادی - نبش کوچه ۱۴	۳۰۷	
قطعه زمین شماره ۴۵ تفکیکی	۲۲,۱۰۰,۰۰۰	۰	۵,۶۰۰,۰۰۰	۱۲۸,۴۰۰,۰۰۰	عرصه	اراضی ملکی مشاعی	شهرک صنعتی - فاز دو	۱۸۹	
ساختمان اداری پلاک ۲۳ اصلی	۴۵,۰۰۰,۰۰۰	۹,۸۰۰,۰۰۰	۱۲,۳۰۰,۰۰۰	۲۴۵,۰۰۰,۰۰۰	ساختمان (اداری - تجاری)	اراضی ملکی ششدانگ	میدان انقلاب - ضلع شمالی	۵۲۶	
قطعه زمین کشاورزی پلاک ۹۱	۶,۷۰۰,۰۰۰	۰	۰	۳۹,۲۰۰,۰۰۰	عرصه	اراضی ملکی مشاعی	جاده روستای حسن آباد	۱۴۲	
واحد تجاری طبقه همکف پلاک ۱۵	۱۸,۹۰۰,۰۰۰	۲,۴۰۰,۰۰۰	۴,۱۰۰,۰۰۰	۹۸,۶۰۰,۰۰۰	اعیان (تجاری)	اراضی ملکی ششدانگ	خیابان طالقانی - پاساژ مرکزی	۴۱۳	
قطعه زمین شماره ۲۰۷ پلاک ۶۸ اصلی	۱۰,۳۰۰,۰۰۰	۰	۲,۲۰۰,۰۰۰	۷۱,۵۰۰,۰۰۰	عرصه	اراضی ملکی مشاعی	کوی فرهنگیان - خیابان ششم	۲۶۸	
انبار و محوطه پلاک ۳۴ فرعی	۱۴,۶۰۰,۰۰۰	۳,۱۰۰,۰۰۰	۰	۸۷,۳۰۰,۰۰۰	عرصه و اعیان (انبار)	اراضی ملکی ششدانگ	جاده کمربندی - روبروی پمپ بنزین	۳۵۵	
قطعه زمین شماره ۱۲۳ - پلاک ثبتی ۴۵ اصلی	۱۲,۵۰۰,۰۰۰	۰	۳,۸۰۰,۰۰۰	۸۴,۲۰۰,۰۰۰	عرصه	اراضی ملکی مشاعی	خیابان امام خمینی - کوچه شهید بهشتی	۲۱۴	
عرصه و اعیان پلاک ۷۸ فرعی از ۱۲ اصلی	۸,۴۰۰,۰۰۰	۱,۲۰۰,۰۰۰	۰	۵۶,۷۰۰,۰۰۰	عرصه و اعیان (مسکونی)	اراضی ملکی ششدانگ	بلوار آزادی - نبش کوچه ۱۴	۳۰۷	
قطعه زمین شماره ۴۵ تفکیکی	۲۲,۱۰۰,۰۰۰	۰	۵,۶۰۰,۰۰۰	۱۲۸,۴۰۰,۰۰۰	عرصه	اراضی ملکی مشاعی	شهرک صنعتی - فاز دو	۱۸۹	
ساختمان اداری پلاک ۲۳ اصلی	۴۵,۰۰۰,۰۰۰	۹,۸۰۰,۰۰۰	۱۲,۳۰۰,۰۰۰	۲۴۵,۰۰۰,۰۰۰	ساختمان (اداری - تجاری)	اراضی ملکی ششدانگ	میدان انقلاب - ضلع شمالی	۵۲۶	
قطعه زمین کشاورزی پلاک ۹۱	۶,۷۰۰,۰۰۰	۰	۰	۳۹,۲۰۰,۰۰۰	عرصه	اراضی ملکی مشاعی	جاده روستای حسن آباد	۱۴۲	
واحد تجاری طبقه همکف پلاک ۱۵	۱۸,۹۰۰,۰۰۰	۲,۴۰۰,۰۰۰	۴,۱۰۰,۰۰۰	۹۸,۶۰۰,۰۰۰	اعیان (تجاری)	اراضی ملکی ششدانگ	خیابان طالقانی - پاساژ مرکزی	۴۱۳	
قطعه زمین شماره ۲۰۷ پلاک ۶۸ اصلی	۱۰,۳۰۰,۰۰۰	۰	۲,۲۰۰,۰۰۰	۷۱,۵۰۰,۰۰۰	عرصه	اراضی ملکی مشاعی	کوی فرهنگیان - خیابان ششم	۲۶۸	
انبار و محوطه پلاک ۳۴ فرعی	۱۴,۶۰۰,۰۰۰	۳,۱۰۰,۰۰۰	۰	۸۷,۳۰۰,۰۰۰	عرصه و اعیان (انبار)	اراضی ملکی ششدانگ	جاده کمربندی - روبروی پمپ بنزین	۳۵۵	
قطعه زمین شماره ۱۲۳ - پلاک ثبتی ۴۵ اصلی	۱۲,۵۰۰,۰۰۰	۰	۳,۸۰۰,۰۰۰	۸۴,۲۰۰,۰۰۰	عرصه	اراضی ملکی مشاعی	خیابان امام خمینی - کوچه شهید بهشتی	۲۱۴	
عرصه و اعیان پلاک ۷۸ فرعی از ۱۲ اصلی	۸,۴۰۰,۰۰۰	۱,۲۰۰,۰۰۰	۰	۵۶,۷۰۰,۰۰۰	عرصه و اعیان (مسکونی)	اراضی ملکی ششدانگ	بلوار آزادی - نبش کوچه ۱۴	۳۰۷	
قطعه زمین شماره ۴۵ تفکیکی	۲۲,۱۰۰,۰۰۰	۰	۵,۶۰۰,۰۰۰	۱۲۸,۴۰۰,۰۰۰	عرصه	اراضی ملکی مشاعی	شهرک صنعتی - فاز دو	۱۸۹	
ساختمان اداری پلاک ۲۳ اصلی	۴۵,۰۰۰,۰۰۰	۹,۸۰۰,۰۰۰	۱۲,۳۰۰,۰۰۰	۲۴۵,۰۰۰,۰۰۰	ساختمان (اداری - تجاری)	اراضی ملکی ششدانگ	میدان انقلاب - ضلع شمالی	۵۲۶	
قطعه زمین کشاورزی پلاک ۹۱	۶,۷۰۰,۰۰۰	۰	۰	۳۹,۲۰۰,۰۰۰	عرصه	اراضی ملکی مشاعی	جاده روستای حسن آباد	۱۴۲	
واحد تجاری طبقه همکف پلاک ۱۵	۱۸,۹۰۰,۰۰۰	۲,۴۰۰,۰۰۰	۴,۱۰۰,۰۰۰	۹۸,۶۰۰,۰۰۰	اعیان (تجاری)	اراضی ملکی ششدانگ	خیابان طالقانی - پاساژ مرکزی	۴۱۳	
قطعه زمین شماره ۲۰۷ پلاک ۶۸ اصلی	۱۰,۳۰۰,۰۰۰	۰	۲,۲۰۰,۰۰۰	۷۱,۵۰۰,۰۰۰	عرصه	اراضی ملکی مشاعی	کوی فرهنگیان - خیابان ششم	۲۶۸	
انبار و محوطه پلاک ۳۴ فرعی	۱۴,۶۰۰,۰۰۰	۳,۱۰۰,۰۰۰	۰	۸۷,۳۰۰,۰۰۰	عرصه و اعیان (انبار)	اراضی ملکی ششدانگ	جاده کمربندی - روبروی پمپ بنزین	۳۵۵	
قطعه زمین شماره ۱۲۳ - پلاک ثبتی ۴۵ اصلی	۱۲,۵۰۰,۰۰۰	۰	۳,۸۰۰,۰۰۰	۸۴,۲۰۰,۰۰۰	عرصه	اراضی ملکی مشاعی	خیابان امام خمینی - کوچه شهید بهشتی	۲۱۴	
عرصه و اعیان پلاک ۷۸ فرعی از ۱۲ اصلی	۸,۴۰۰,۰۰۰	۱,۲۰۰,۰۰۰	۰	۵۶,۷۰۰,۰۰۰	عرصه و اعیان (مسکونی)	اراضی ملکی ششدانگ	بلوار آزادی - نبش کوچه ۱۴	۳۰۷	
قطعه زمین شماره ۴۵ تفکیکی	۲۲,۱۰۰,۰۰۰	۰	۵,۶۰۰,۰۰۰	۱۲۸,۴۰۰,۰۰۰	عرصه	اراضی ملکی مشاعی	شهرک صنعتی - فاز دو	۱۸۹	
ساختمان اداری پلاک ۲۳ اصلی	۴۵,۰۰۰,۰۰۰	۹,۸۰۰,۰۰۰	۱۲,۳۰۰,۰۰۰	۲۴۵,۰۰۰,۰۰۰	ساختمان (اداری - تجاری)	اراضی ملکی ششدانگ	میدان انقلاب - ضلع شمالی	۵۲۶	
قطعه زمین کشاورزی پلاک ۹۱	۶,۷۰۰,۰۰۰	۰	۰	۳۹,۲۰۰,۰۰۰	عرصه	اراضی ملکی مشاعی	جاده روستای حسن آباد	۱۴۲	
واحد تجاری طبقه همکف پلاک ۱۵	۱۸,۹۰۰,۰۰۰	۲,۴۰۰,۰۰۰	۴,۱۰۰,۰۰۰	۹۸,۶۰۰,۰۰۰	اعیان (تجاری)	اراضی ملکی ششدانگ	خیابان طالقانی - پاساژ مرکزی	۴۱۳	
قطعه زمین شماره ۲۰۷ پلاک ۶۸ اصلی	۱۰,۳۰۰,۰۰۰	۰	۲,۲۰۰,۰۰۰	۷۱,۵۰۰,۰۰۰	عرصه	اراضی ملکی مشاعی	کوی فرهنگیان - خیابان ششم	۲۶۸	
انبار و محوطه پلاک ۳۴ فرعی	۱۴,۶۰۰,۰۰۰	۳,۱۰۰,۰۰۰	۰	۸۷,۳۰۰,۰۰۰	عرصه و اعیان (انبار)	اراضی ملکی ششدانگ	جاده کمربندی - روبروی پمپ بنزین	۳۵۵	
قطعه زمین شماره ۱۲۳ - پلاک ثبتی ۴۵ اصلی	۱۲,۵۰۰,۰۰۰	۰	۳,۸۰۰,۰۰۰	۸۴,۲۰۰,۰۰۰	عرصه	اراضی ملکی مشاعی	خیابان امام خمینی - کوچه شهید بهشتی	۲۱۴	
عرصه و اعیان پلاک ۷۸ فرعی از ۱۲ اصلی	۸,۴۰۰,۰۰۰	۱,۲۰۰,۰۰۰	۰	۵۶,۷۰۰,۰۰۰	عرصه و اعیان (مسکونی)	اراضی ملکی ششدانگ	بلوار آزادی - نبش کوچه ۱۴	۳۰۷	
قطعه زمین شماره ۴۵ تفکیکی	۲۲,۱۰۰,۰۰۰	۰	۵,۶۰۰,۰۰۰	۱۲۸,۴۰۰,۰۰۰	عرصه	اراضی ملکی مشاعی	شهرک صنعتی - فاز دو	۱۸۹	
ساختمان اداری پلاک ۲۳ اصلی	۴۵,۰۰۰,۰۰۰	۹,۸۰۰,۰۰۰	۱۲,۳۰۰,۰۰۰	۲۴۵,۰۰۰,۰۰۰	ساختمان (اداری - تجاری)	اراضی ملکی ششدانگ	میدان انقلاب - ضلع شمالی	۵۲۶	
قطعه زمین کشاورزی پلاک ۹۱	۶,۷۰۰,۰۰۰	۰	۰	۳۹,۲۰۰,۰۰۰	عرصه	اراضی ملکی مشاعی	جاده روستای حسن آباد	۱۴۲	
واحد تجاری طبقه همکف پلاک ۱۵	۱۸,۹۰۰,۰۰۰	۲,۴۰۰,۰۰۰	۴,۱۰۰,۰۰۰	۹۸,۶۰۰,۰۰۰	اعیان (تجاری)	اراضی ملکی ششدانگ	خیابان طالقانی - پاساژ مرکزی	۴۱۳	
قطعه زمین شماره ۲۰۷ پلاک ۶۸ اصلی	۱۰,۳۰۰,۰۰۰	۰	۲,۲۰۰,۰۰۰	۷۱,۵۰۰,۰۰۰	عرصه	اراضی ملکی مشاعی	کوی فرهنگیان - خیابان ششم	۲۶۸	
انبار و محوطه پلاک ۳۴ فرعی	۱۴,۶۰۰,۰۰۰	۳,۱۰۰,۰۰۰	۰	۸۷,۳۰۰,۰۰۰	عرصه و اعیان (انبار)	اراضی ملکی ششدانگ	جاده کمربندی - روبروی پمپ بنزین	۳۵۵	
قطعه زمین شماره ۱۲۳ - پلاک ثبتی ۴۵ اصلی	۱۲,۵۰۰,۰۰۰	۰	۳,۸۰۰,۰۰۰	۸۴,۲۰۰,۰۰۰	عرصه	اراضی ملکی مشاعی	خیابان امام خمینی - کوچه شهید بهشتی	۲۱۴	
عرصه و اعیان پلاک ۷۸ فرعی از ۱۲ اصلی	۸,۴۰۰,۰۰۰	۱,۲۰۰,۰۰۰	۰	۵۶,۷۰۰,۰۰۰	عرصه و اعیان (مسکونی)	اراضی ملکی ششدانگ	بلوار آزادی - نبش کوچه ۱۴	۳۰۷	
قطعه زمین شماره ۴۵ تفکیکی	۲۲,۱۰۰,۰۰۰	۰	۵,۶۰۰,۰۰۰	۱۲۸,۴۰۰,۰۰۰	عرصه	اراضی ملکی مشاعی	شهرک صنعتی - فاز دو	۱۸۹	
ساختمان اداری پلاک ۲۳ اصلی	۴۵,۰۰۰,۰۰۰	۹,۸۰۰,۰۰۰	۱۲,۳۰۰,۰۰۰	۲۴۵,۰۰۰,۰۰۰	ساختمان (اداری - تجاری)	اراضی ملکی ششدانگ	میدان انقلاب - ضلع شمالی	۵۲۶	
قطعه زمین کشاورزی پلاک ۹۱	۶,۷۰۰,۰۰۰	۰	۰	۳۹,۲۰۰,۰۰۰	عرصه	اراضی ملکی مشاعی	جاده روستای حسن آباد	۱۴۲	
واحد تجاری طبقه همکف پلاک ۱۵	۱۸,۹۰۰,۰۰۰	۲,۴۰۰,۰۰۰	۴,۱۰۰,۰۰۰	۹۸,۶۰۰,۰۰۰	اعیان (تجاری)	اراضی ملکی ششدانگ	خیابان طالقانی - پاساژ مرکزی	۴۱۳	
قطعه زمین شماره ۲۰۷ پلاک ۶۸ اصلی	۱۰,۳۰۰,۰۰۰	۰	۲,۲۰۰,۰۰۰	۷۱,۵۰۰,۰۰۰	عرصه	اراضی ملکی مشاعی	کوی فرهنگیان - خیابان ششم	۲۶۸	
انبار و محوطه پلاک ۳۴ فرعی	۱۴,۶۰۰,۰۰۰	۳,۱۰۰,۰۰۰	۰	۸۷,۳۰۰,۰۰۰	عرصه و اعیان (انبار)	اراضی ملکی ششدانگ	جاده کمربندی - روبروی پمپ بنزین	۳۵۵	
قطعه زمین شماره ۱۲۳ - پلاک ثبتی ۴۵ اصلی	۱۲,۵۰۰,۰۰۰	۰	۳,۸۰۰,۰۰۰	۸۴,۲۰۰,۰۰۰	عرصه	اراضی ملکی مشاعی	خیابان امام خمینی - کوچه شهید بهشتی	۲۱۴	
عرصه و اعیان پلاک ۷۸ فرعی از ۱۲ اصلی	۸,۴۰۰,۰۰۰	۱,۲۰۰,۰۰۰	۰	۵۶,۷۰۰,۰۰۰	عرصه و اعیان (مسکونی)	اراضی ملکی ششدانگ	بلوار آزادی - نبش کوچه ۱۴	۳۰۷	
قطعه زمین شماره ۴۵ تفکیکی	۲۲,۱۰۰,۰۰۰	۰	۵,۶۰۰,۰۰۰	۱۲۸,۴۰۰,۰۰۰	عرصه	اراضی ملکی مشاعی	شهرک صنعتی - فاز دو	۱۸۹	
ساختمان اداری پلاک ۲۳ اصلی	۴۵,۰۰۰,۰۰۰	۹,۸۰۰,۰۰۰	۱۲,۳۰۰,۰۰۰	۲۴۵,۰۰۰,۰۰۰	ساختمان (اداری - تجاری)	اراضی ملکی ششدانگ	میدان انقلاب - ضلع شمالی	۵۲۶	
قطعه زمین کشاورزی پلاک ۹۱	۶,۷۰۰,۰۰۰	۰	۰	۳۹,۲۰۰,۰۰۰	عرصه	اراضی ملکی مشاعی	جاده روستای حسن آباد	۱۴۲	
واحد تجاری طبقه همکف پلاک ۱۵	۱۸,۹۰۰,۰۰۰	۲,۴۰۰,۰۰۰	۴,۱۰۰,۰۰۰	۹۸,۶۰۰,۰۰۰	اعیان (تجاری)	اراضی ملکی ششدانگ	خیابان طالقانی - پاساژ مرکزی	۴۱۳	
قطعه زمین شماره ۲۰۷ پلاک ۶۸ اصلی	۱۰,۳۰۰,۰۰۰	۰	۲,۲۰۰,۰۰۰	۷۱,۵۰۰,۰۰۰	عرصه	اراضی ملکی مشاعی	کوی فرهنگیان - خیابان ششم	۲۶۸	
انبار و محوطه پلاک ۳۴ فرعی	۱۴,۶۰۰,۰۰۰	۳,۱۰۰,۰۰۰	۰	۸۷,۳۰۰,۰۰۰	عرصه و اعیان (انبار)	اراضی ملکی ششدانگ	جاده کمربندی - روبروی پمپ بنزین	۳۵۵	
قطعه زمین شماره ۱۲۳ - پلاک ثبتی ۴۵ اصلی	۱۲,۵۰۰,۰۰۰	۰	۳,۸۰۰,۰۰۰	۸۴,۲۰۰,۰۰۰	عرصه	اراضی ملکی مشاعی	خیابان امام خمینی - کوچه شهید بهشتی	۲۱۴	
عرصه و اعیان پلاک ۷۸ فرعی از ۱۲ اصلی	۸,۴۰۰,۰۰۰	۱,۲۰۰,۰۰۰	۰	۵۶,۷۰۰,۰۰۰	عرصه و اعیان (مسکونی)	اراضی ملکی ششدانگ	بلوار آزادی - نبش کوچه ۱۴	۳۰۷	
قطعه زمین شماره ۴۵ تفکیکی	۲۲,۱۰۰,۰۰۰	۰	۵,۶۰۰,۰۰۰	۱۲۸,۴۰۰,۰۰۰	عرصه	اراضی ملکی مشاعی	شهرک صنعتی - فاز دو	۱۸۹	
ساختمان اداری پلاک ۲۳ اصلی	۴۵,۰۰۰,۰۰۰	۹,۸۰۰,۰۰۰	۱۲,۳۰۰,۰۰۰	۲۴۵,۰۰۰,۰۰۰	ساختمان (اداری - تجاری)	اراضی ملکی ششدانگ	میدان انقلاب - ضلع شمالی	۵۲۶	
قطعه زمین کشاورزی پلاک ۹۱	۶,۷۰۰,۰۰۰	۰	۰	۳۹,۲۰۰,۰۰۰	عرصه	اراضی ملکی مشاعی	جاده روستای حسن آباد	۱۴۲	
واحد تجاری طبقه همکف پلاک ۱۵	۱۸,۹۰۰,۰۰۰	۲,۴۰۰,۰۰۰	۴,۱۰۰,۰۰۰	۹۸,۶۰۰,۰۰۰	اعیان (تجاری)	اراضی ملکی ششدانگ	خیابان طالقانی - پاساژ مرکزی	۴۱۳	
قطعه زمین شماره ۲۰۷ پلاک ۶۸ اصلی	۱۰,۳۰۰,۰۰۰	۰	۲,۲۰۰,۰۰۰	۷۱,۵۰۰,۰۰۰	عرصه	اراضی ملکی مشاعی	کوی فرهنگیان - خیابان ششم	۲۶۸	
انبار و محوطه پلاک ۳۴ فرعی	۱۴,۶۰۰,۰۰۰	۳,۱۰۰,۰۰۰	۰	۸۷,۳۰۰,۰۰۰	عرصه و اعیان (انبار)	اراضی ملکی ششدانگ	جاده کمربندی - روبروی پمپ بنزین	۳۵۵	
قطعه زمین شماره ۱۲۳ - پلاک ثبتی ۴۵ اصلی	۱۲,۵۰۰,۰۰۰	۰	۳,۸۰۰,۰۰۰	۸۴,۲۰۰,۰۰۰	عرصه	اراضی ملکی مشاعی	خیابان امام خمینی - کوچه شهید بهشتی	۲۱۴	
عرصه و اعیان پلاک ۷۸ فرعی از ۱۲ اصلی	۸,۴۰۰,۰۰۰	۱,۲۰۰,۰۰۰	۰	۵۶,۷۰۰,۰۰۰	عرصه و اعیان (مسکونی)	اراضی ملکی ششدانگ	بلوار آزادی - نبش کوچه ۱۴	۳۰۷	
قطعه زمین شماره ۴۵ تفکیکی	۲۲,۱۰۰,۰۰۰	۰	۵,۶۰۰,۰۰۰	۱۲۸,۴۰۰,۰۰۰	عرصه	اراضی ملکی مشاعی	شهرک صنعتی - فاز دو	۱۸۹	
ساختمان اداری پلاک ۲۳ اصلی	۴۵,۰۰۰,۰۰۰	۹,۸۰۰,۰۰۰	۱۲,۳۰۰,۰۰۰	۲۴۵,۰۰۰,۰۰۰	ساختمان (اداری - تجاری)	اراضی ملکی ششدانگ	میدان انقلاب - ضلع شمالی	۵۲۶	
قطعه زمین کشاورزی پلاک ۹۱	۶,۷۰۰,۰۰۰	۰	۰	۳۹,۲۰۰,۰۰۰	عرصه	اراضی ملکی مشاعی	جاده روستای حسن آباد	۱۴۲	
واحد تجاری طبقه همکف پلاک ۱۵	۱۸,۹۰۰,۰۰۰	۲,۴۰۰,۰۰۰	۴,۱۰۰,۰۰۰	۹۸,۶۰۰,۰۰۰	اعیان (تجاری)	اراضی ملکی ششدانگ	خیابان طالقانی - پاساژ مرکزی	۴۱۳	
قطعه زمین شماره ۲۰۷ پلاک ۶۸ اصلی	۱۰,۳۰۰,۰۰۰	۰	۲,۲۰۰,۰۰۰	۷۱,۵۰۰,۰۰۰	عرصه	اراضی ملکی مشاعی	کوی فرهنگیان - خیابان ششم	۲۶۸	
انبار و محوطه پلاک ۳۴ فرعی	۱۴,۶۰۰,۰۰۰	۳,۱۰۰,۰۰۰	۰	۸۷,۳۰۰,۰۰۰	عرصه و اعیان (انبار)	اراضی ملکی ششدانگ	جاده کمربندی - روبروی پمپ بنزین	۳۵۵	
قطعه زمین شماره ۱۲۳ - پلاک ثبتی ۴۵ اصلی	۱۲,۵۰۰,۰۰۰	۰	۳,۸۰۰,۰۰۰	۸۴,۲۰۰,۰۰۰	عرصه	اراضی ملکی مشاعی	خیابان امام خمینی - کوچه شهید بهشتی	۲۱۴	
عرصه و اعیان پلاک ۷۸ فرعی از ۱۲ اصلی	۸,۴۰۰,۰۰۰	۱,۲۰۰,۰۰۰	۰	۵۶,۷۰۰,۰۰۰	عرصه و اعیان (مسکونی)	اراضی ملکی ششدانگ	بلوار آزادی - نبش کوچه ۱۴	۳۰۷	
قطعه زمین شماره ۴۵ تفکیکی	۲۲,۱۰۰,۰۰۰	۰	۵,۶۰۰,۰۰۰	۱۲۸,۴۰۰,۰۰۰	عرصه	اراضی ملکی مشاعی	شهرک صنعتی - فاز دو	۱۸۹	
ساختمان اداری پلاک ۲۳ اصلی	۴۵,۰۰۰,۰۰۰	۹,۸۰۰,۰۰۰	۱۲,۳۰۰,۰۰۰	۲۴۵,۰۰۰,۰۰۰	ساختمان (اداری - تجاری)	اراضی ملکی ششدانگ	میدان انقلاب - ضلع شمالی	۵۲۶	
قطعه زمین کشاورزی پلاک ۹۱	۶,۷۰۰,۰۰۰	۰	۰	۳۹,۲۰۰,۰۰۰	عرصه	اراضی ملکی مشاعی	جاده روستای حسن آباد	۱۴۲	
واحد تجاری طبقه همکف پلاک ۱۵	۱۸,۹۰۰,۰۰۰	۲,۴۰۰,۰۰۰	۴,۱۰۰,۰۰۰	۹۸,۶۰۰,۰۰۰	اعیان (تجاری)	اراضی ملکی ششدانگ	خیابان طالقانی - پاساژ مرکزی	۴۱۳	
قطعه زمین شماره ۲۰۷ پلاک ۶۸ اصلی	۱۰,۳۰۰,۰۰۰	۰	۲,۲۰۰,۰۰۰	۷۱,۵۰۰,۰۰۰	عرصه	اراضی ملکی مشاعی	کوی فرهنگیان - خیابان ششم	۲۶۸	
انبار و محوطه پلاک ۳۴ فرعی	۱۴,۶۰۰,۰۰۰	۳,۱۰۰,۰۰۰	۰	۸۷,۳۰۰,۰۰۰	عرصه و اعیان (انبار)	اراضی ملکی ششدانگ	جاده کمربندی - روبروی پمپ بنزین	۳۵۵	
قطعه زمین شماره ۱۲۳ - پلاک ثبتی ۴۵ اصلی	۱۲,۵۰۰,۰۰۰	۰	۳,۸۰۰,۰۰۰	۸۴,۲۰۰,۰۰۰	عرصه	اراضی ملکی مشاعی	خیابان امام خمینی - کوچه شهید بهشتی	۲۱۴	
عرصه و اعیان پلاک ۷۸ فرعی از ۱۲ اصلی	۸,۴۰۰,۰۰۰	۱,۲۰۰,۰۰۰	۰	۵۶,۷۰۰,۰۰۰	عرصه و اعیان (مسکونی)	اراضی ملکی ششدانگ	بلوار آزادی - نبش کوچه ۱۴	۳۰۷	
قطعه زمین شماره ۴۵ تفکیکی	۲۲,۱۰۰,۰۰۰	۰	۵,۶۰۰,۰۰۰	۱۲۸,۴۰۰,۰۰۰	عرصه	اراضی ملکی مشاعی	شهرک صنعتی - فاز دو	۱۸۹	
ساختمان اداری پلاک ۲۳ اصلی	۴۵,۰۰۰,۰۰۰	۹,۸۰۰,۰۰۰	۱۲,۳۰۰,۰۰۰	۲۴۵,۰۰۰,۰۰۰	ساختمان (اداری - تجاری)	اراضی ملکی ششدانگ	میدان انقلاب - ضلع شمالی	۵۲۶	
قطعه زمین کشاورزی پلاک ۹۱	۶,۷۰۰,۰۰۰	۰	۰	۳۹,۲۰۰,۰۰۰	عرصه	اراضی ملکی مشاعی	جاده روستای حسن آباد	۱۴۲	
واحد تجاری طبقه همکف پلاک ۱۵	۱۸,۹۰۰,۰۰۰	۲,۴۰۰,۰۰۰	۴,۱۰۰,۰۰۰	۹۸,۶۰۰,۰۰۰	اعیان (تجاری)	اراضی ملکی ششدانگ	خیابان طالقانی - پاساژ مرکزی	۴۱۳	
قطعه زمین شماره ۲۰۷ پلاک ۶۸ اصلی	۱۰,۳۰۰,۰۰۰	۰	۲,۲۰۰,۰۰۰	۷۱,۵۰۰,۰۰۰	عرصه	اراضی ملکی مشاعی	کوی فرهنگیان - خیابان ششم	۲۶۸	
انبار و محوطه پلاک ۳۴ فرعی	۱۴,۶۰۰,۰۰۰	۳,۱۰۰,۰۰۰	۰	۸۷,۳۰۰,۰۰۰	عرصه و اعیان (انبار)	اراضی ملکی ششدانگ	جاده کمربندی - روبروی پمپ بنزین	۳۵۵	
قطعه زمین شماره ۱۲۳ - پلاک ثبتی ۴۵ اصلی	۱۲,۵۰۰,۰۰۰	۰	۳,۸۰۰,۰۰۰	۸۴,۲۰۰,۰۰۰	عرصه	اراضی ملکی مشاعی	خیابان امام خمینی - کوچه شهید بهشتی	۲۱۴	
عرصه و اعیان پلاک ۷۸ فرعی از ۱۲ اصلی	۸,۴۰۰,۰۰۰	۱,۲۰۰,۰۰۰	۰	۵۶,۷۰۰,۰۰۰	عرصه و اعیان (مسکونی)	اراضی ملکی ششدانگ	بلوار آزادی - نبش کوچه ۱۴	۳۰۷	
قطعه زمین شماره ۴۵ تفکیکی	۲۲,۱۰۰,۰۰۰	۰	۵,۶۰۰,۰۰۰	۱۲۸,۴۰۰,۰۰۰	عرصه	اراضی ملکی مشاعی	شهرک صنعتی - فاز دو	۱۸۹	
ساختمان اداری پلاک ۲۳ اصلی	۴۵,۰۰۰,۰۰۰	۹,۸۰۰,۰۰۰	۱۲,۳۰۰,۰۰۰	۲۴۵,۰۰۰,۰۰۰	ساختمان (اداری - تجاری)	اراضی ملکی ششدانگ	میدان انقلاب - ضلع شمالی	۵۲۶	
قطعه زمین کشاورزی پلاک ۹۱	۶,۷۰۰,۰۰۰	۰	۰	۳۹,۲۰۰,۰۰۰	عرصه	اراضی ملکی مشاعی	جاده روستای حسن آباد	۱۴۲	
واحد تجاری طبقه همکف پلاک ۱۵	۱۸,۹۰۰,۰۰۰	۲,۴۰۰,۰۰۰	۴,۱۰۰,۰۰۰	۹۸,۶۰۰,۰۰۰	اعیان (تجاری)	اراضی ملکی ششدانگ	خیابان طالقانی - پاساژ مرکزی	۴۱۳	
قطعه زمین شماره ۲۰۷ پلاک ۶۸ اصلی	۱۰,۳۰۰,۰۰۰	۰	۲,۲۰۰,۰۰۰	۷۱,۵۰۰,۰۰۰	عرصه	اراضی ملکی مشاعی	کوی فرهنگیان - خیابان ششم	۲۶۸	
انبار و محوطه پلاک ۳۴ فرعی	۱۴,۶۰۰,۰۰۰	۳,۱۰۰,۰۰۰	۰	۸۷,۳۰۰,۰۰۰	عرصه و اعیان (انبار)	اراضی ملکی ششدانگ	جاده کمربندی - روبروی پمپ بنزین	۳۵۵	
قطعه زمین شماره ۱۲۳ - پلاک ثبتی ۴۵ اصلی	۱۲,۵۰۰,۰۰۰	۰	۳,۸۰۰,۰۰۰	۸۴,۲۰۰,۰۰۰	عرصه	اراضی ملکی مشاعی	خیابان امام خمینی - کوچه شهید بهشتی	۲۱۴	
عرصه و اعیان پلاک ۷۸ فرعی از ۱۲ اصلی	۸,۴۰۰,۰۰۰	۱,۲۰۰,۰۰۰	۰	۵۶,۷۰۰,۰۰۰	عرصه و اعیان (مسکونی)	اراضی ملکی ششدانگ	بلوار آزادی - نبش کوچه ۱۴	۳۰۷	
قطعه زمین شماره ۴۵ تفکیکی	۲۲,۱۰۰,۰۰۰	۰	۵,۶۰۰,۰۰۰	۱۲۸,۴۰۰,۰۰۰	عرصه	اراضی ملکی مشاعی	شهرک صنعتی - فاز دو	۱۸۹	
ساختمان اداری پلاک ۲۳ اصلی	۴۵,۰۰۰,۰۰۰	۹,۸۰۰,۰۰۰	۱۲,۳۰۰,۰۰۰	۲۴۵,۰۰۰,۰۰۰	ساختمان (اداری - تجاری)	اراضی ملکی ششدانگ	میدان انقلاب - ضلع شمالی	۵۲۶	
قطعه زمین کشاورزی پلاک ۹۱	۶,۷۰۰,۰۰۰	۰	۰	۳۹,۲۰۰,۰۰۰	عرصه	اراضی ملکی مشاعی	جاده روستای حسن آباد	۱۴۲	
واحد تجاری طبقه همکف پلاک ۱۵	۱۸,۹۰۰,۰۰۰	۲,۴۰۰,۰۰۰	۴,۱۰۰,۰۰۰	۹۸,۶۰۰,۰۰۰	اعیان (تجاری)	اراضی ملکی ششدانگ	خیابان طالقانی - پاساژ مرکزی	۴۱۳	
قطعه زمین شماره ۲۰۷ پلاک ۶۸ اصلی	۱۰,۳۰۰,۰۰۰	۰	۲,۲۰۰,۰۰۰	۷۱,۵۰۰,۰۰۰	عرصه	اراضی ملکی مشاعی	کوی فرهنگیان - خیابان ششم	۲۶۸	
انبار و محوطه پلاک ۳۴ فرعی	۱۴,۶۰۰,۰۰۰	۳,۱۰۰,۰۰۰	۰	۸۷,۳۰۰,۰۰۰	عرصه و اعیان (انبار)	اراضی ملکی ششدانگ	جاده کمربندی - روبروی پمپ بنزین	۳۵۵	
قطعه زمین شماره ۱۲۳ - پلاک ثبتی ۴۵ اصلی	۱۲,۵۰۰,۰۰۰	۰	۳,۸۰۰,۰۰۰	۸۴,۲۰۰,۰۰۰	عرصه	اراضی ملکی مشاعی	خیابان امام خمینی - کوچه شهید بهشتی	۲۱۴	
عرصه و اعیان پلاک ۷۸ فرعی از ۱۲ اصلی	۸,۴۰۰,۰۰۰	۱,۲۰۰,۰۰۰	۰	۵۶,۷۰۰,۰۰۰	عرصه و اعیان (مسکونی)	اراضی ملکی ششدانگ	بلوار آزادی - نبش کوچه ۱۴	۳۰۷	
قطعه زمین شماره ۴۵ تفکیکی	۲۲,۱۰۰,۰۰۰	۰	۵,۶۰۰,۰۰۰	۱۲۸,۴۰۰,۰۰۰	عرصه	اراضی ملکی مشاعی	شهرک صنعتی - فاز دو	۱۸۹	
ساختمان اداری پلاک ۲۳ اصلی	۴۵,۰۰۰,۰۰۰	۹,۸۰۰,۰۰۰	۱۲,۳۰۰,۰۰۰	۲۴۵,۰۰۰,۰۰۰	ساختمان (اداری - تجاری)	اراضی ملکی ششدانگ	میدان انقلاب - ضلع شمالی	۵۲۶	
قطعه زمین کشاورزی پلاک ۹۱	۶,۷۰۰,۰۰۰	۰	۰	۳۹,۲۰۰,۰۰۰	عرصه	اراضی ملکی مشاعی	جاده روستای حسن آباد	۱۴۲	
واحد تجاری طبقه همکف پلاک ۱۵	۱۸,۹۰۰,۰۰۰	۲,۴۰۰,۰۰۰	۴,۱۰۰,۰۰۰	۹۸,۶۰۰,۰۰۰	اعیان (تجاری)	اراضی ملکی ششدانگ	خیابان طالقانی - پاساژ مرکزی	۴۱۳	
قطعه زمین شماره ۲۰۷ پلاک ۶۸ اصلی	۱۰,۳۰۰,۰۰۰	۰	۲,۲۰۰,۰۰۰	۷۱,۵۰۰,۰۰۰	عرصه	اراضی ملکی مشاعی	کوی فرهنگیان - خیابان ششم	۲۶۸	
انبار و محوطه پلاک ۳۴ فرعی	۱۴,۶۰۰,۰۰۰	۳,۱۰۰,۰۰۰	۰	۸۷,۳۰۰,۰۰۰	عرصه و اعیان (انبار)	اراضی ملکی ششدانگ	جاده کمربندی - روبروی پمپ بنزین	۳۵۵	
قطعه زمین شماره ۱۲۳ - پلاک ثبتی ۴۵ اصلی	۱۲,۵۰۰,۰۰۰	۰	۳,۸۰۰,۰۰۰	۸۴,۲۰۰,۰۰۰	عرصه	اراضی ملکی مشاعی	خیابان امام خمینی - کوچه شهید بهشتی	۲۱۴	
عرصه و اعیان پلاک ۷۸ فرعی از ۱۲ اصلی	۸,۴۰۰,۰۰۰	۱,۲۰۰,۰۰۰	۰	۵۶,۷۰۰,۰۰۰	عرصه و اعیان (مسکونی)	اراضی ملکی ششدانگ	بلوار آزادی - نبش کوچه ۱۴	۳۰۷	
قطعه زمین شماره ۴۵ تفکیکی	۲۲,۱۰۰,۰۰۰	۰	۵,۶۰۰,۰۰۰	۱۲۸,۴۰۰,۰۰۰	عرصه	اراضی ملکی مشاعی	شهرک صنعتی - فاز دو	۱۸۹	
ساختمان اداری پلاک ۲۳ اصلی	۴۵,۰۰۰,۰۰۰	۹,۸۰۰,۰۰۰	۱۲,۳۰۰,۰۰۰	۲۴۵,۰۰۰,۰۰۰	ساختمان (اداری - تجاری)	اراضی ملکی ششدانگ	میدان انقلاب - ضلع شمالی	۵۲۶	
قطعه زمین کشاورزی پلاک ۹۱	۶,۷۰۰,۰۰۰	۰	۰	۳۹,۲۰۰,۰۰۰	عرصه	اراضی ملکی مشاعی	جاده روستای حسن آباد	۱۴۲	
واحد تجاری طبقه همکف پلاک ۱۵	۱۸,۹۰۰,۰۰۰	۲,۴۰۰,۰۰۰	۴,۱۰۰,۰۰۰	۹۸,۶۰۰,۰۰۰	اعیان (تجاری)	اراضی ملکی ششدانگ	خیابان طالقانی - پاساژ مرکزی	۴۱۳	
قطعه زمین شماره ۲۰۷ پلاک ۶۸ اصلی	۱۰,۳۰۰,۰۰۰	۰	۲,۲۰۰,۰۰۰	۷۱,۵۰۰,۰۰۰	عرصه	اراضی ملکی مشاعی	کوی فرهنگیان - خیابان ششم	۲۶۸	
انبار و محوطه پلاک ۳۴ فرعی	۱۴,۶۰۰,۰۰۰	۳,۱۰۰,۰۰۰	۰	۸۷,۳۰۰,۰۰۰	عرصه و اعیان (انبار)	اراضی ملکی ششدانگ	جاده کمربندی - روبروی پمپ بنزین	۳۵۵	
قطعه زمین شماره ۱۲۳ - پلاک ثبتی ۴۵ اصلی	۱۲,۵۰۰,۰۰۰	۰	۳,۸۰۰,۰۰۰	۸۴,۲۰۰,۰۰۰	عرصه	اراضی ملکی مشاعی	خیابان امام خمینی - کوچه شهید بهشتی	۲۱۴	
عرصه و اعیان پلاک ۷۸ فرعی از ۱۲ اصلی	۸,۴۰۰,۰۰۰	۱,۲۰۰,۰۰۰	۰	۵۶,۷۰۰,۰۰۰	عرصه و اعیان (مسکونی)	اراضی ملکی ششدانگ	بلوار آزادی - نبش کوچه ۱۴	۳۰۷	
قطعه زمین شماره ۴۵ تفکیکی	۲۲,۱۰۰,۰۰۰	۰	۵,۶۰۰,۰۰۰	۱۲۸,۴۰۰,۰۰۰	عرصه	اراضی ملکی مشاعی	شهرک صنعتی - فاز دو	۱۸۹	
ساختمان اداری پلاک ۲۳ اصلی	۴۵,۰۰۰,۰۰۰	۹,۸۰۰,۰۰۰	۱۲,۳۰۰,۰۰۰	۲۴۵,۰۰۰,۰۰۰	ساختمان (اداری - تجاری)	اراضی ملکی ششدانگ	میدان انقلاب - ضلع شمالی	۵۲۶	
قطعه زمین کشاورزی پلاک ۹۱	۶,۷۰۰,۰۰۰	۰	۰	۳۹,۲۰۰,۰۰۰	عرصه	اراضی ملکی مشاعی	جاده روستای حسن آباد	۱۴۲	
واحد تجاری طبقه همکف پلاک ۱۵	۱۸,۹۰۰,۰۰۰	۲,۴۰۰,۰۰۰	۴,۱۰۰,۰۰۰	۹۸,۶۰۰,۰۰۰	اعیان (تجاری)	اراضی ملکی ششدانگ	خیابان طالقانی - پاساژ مرکزی	۴۱۳	
قطعه زمین شماره ۲۰۷ پلاک ۶۸ اصلی	۱۰,۳۰۰,۰۰۰	۰	۲,۲۰۰,۰۰۰	۷۱,۵۰۰,۰۰۰	عرصه	اراضی ملکی مشاعی	کوی فرهنگیان - خیابان ششم	۲۶۸	
انبار و محوطه پلاک ۳۴ فرعی	۱۴,۶۰۰,۰۰۰	۳,۱۰۰,۰۰۰	۰	۸۷,۳۰۰,۰۰۰	عرصه و اعیان (انبار)	اراضی ملکی ششدانگ	جاده کمربندی - روبروی پمپ بنزین	۳۵۵	
قطعه زمین شماره ۱۲۳ - پلاک ثبتی ۴۵ اصلی	۱۲,۵۰۰,۰۰۰	۰	۳,۸۰۰,۰۰۰	۸۴,۲۰۰,۰۰۰	عرصه	اراضی ملکی مشاعی	خیابان امام خمینی - کوچه شهید بهشتی	۲۱۴	
عرصه و اعیان پلاک ۷۸ فرعی از ۱۲ اصلی	۸,۴۰۰,۰۰۰	۱,۲۰۰,۰۰۰	۰	۵۶,۷۰۰,۰۰۰	عرصه و اعیان (مسکونی)	اراضی ملکی ششدانگ	بلوار آزادی - نبش کوچه ۱۴	۳۰۷	
قطعه زمین شماره ۴۵ تفکیکی	۲۲,۱۰۰,۰۰۰	۰	۵,۶۰۰,۰۰۰	۱۲۸,۴۰۰,۰۰۰	عرصه	اراضی ملکی مشاعی	شهرک صنعتی - فاز دو	۱۸۹	
ساختمان اداری پلاک ۲۳ اصلی	۴۵,۰۰۰,۰۰۰	۹,۸۰۰,۰۰۰	۱۲,۳۰۰,۰۰۰	۲۴۵,۰۰۰,۰۰۰	ساختمان (اداری - تجاری)	اراضی ملکی ششدانگ	میدان انقلاب - ضلع شمالی	۵۲۶	
قطعه زمین کشاورزی پلاک ۹۱	۶,۷۰۰,۰۰۰	۰	۰	۳۹,۲۰۰,۰۰۰	عرصه	اراضی ملکی مشاعی	جاده روستای حسن آباد	۱۴۲	
واحد تجاری طبقه همکف پلاک ۱۵	۱۸,۹۰۰,۰۰۰	۲,۴۰۰,۰۰۰	۴,۱۰۰,۰۰۰	۹۸,۶۰۰,۰۰۰	اعیان (تجاری)	اراضی ملکی ششدانگ	خیابان طالقانی - پاساژ مرکزی	۴۱۳	
قطعه زمین شماره ۲۰۷ پلاک ۶۸ اصلی	۱۰,۳۰۰,۰۰۰	۰	۲,۲۰۰,۰۰۰	۷۱,۵۰۰,۰۰۰	عرصه	اراضی ملکی مشاعی	کوی فرهنگیان - خیابان ششم	۲۶۸	
انبار و محوطه پلاک ۳۴ فرعی	۱۴,۶۰۰,۰۰۰	۳,۱۰۰,۰۰۰	۰	۸۷,۳۰۰,۰۰۰	عرصه و اعیان (انبار)	اراضی ملکی ششدانگ	جاده کمربندی - روبروی پمپ بنزین	۳۵۵	
قطعه زمین شماره ۱۲۳ - پلاک ثبتی ۴۵ اصلی	۱۲,۵۰۰,۰۰۰	۰	۳,۸۰۰,۰۰۰	۸۴,۲۰۰,۰۰۰	عرصه	اراضی ملکی مشاعی	خیابان امام خمینی - کوچه شهید بهشتی	۲۱۴	
عرصه و اعیان پلاک ۷۸ فرعی از ۱۲ اصلی	۸,۴۰۰,۰۰۰	۱,۲۰۰,۰۰۰	۰	۵۶,۷۰۰,۰۰۰	عرصه و اعیان (مسکونی)	اراضی ملکی ششدانگ	بلوار آزادی - نبش کوچه ۱۴	۳۰۷	
قطعه زمین شماره ۴۵ تفکیکی	۲۲,۱۰۰,۰۰۰	۰	۵,۶۰۰,۰۰۰	۱۲۸,۴۰۰,۰۰۰	عرصه	اراضی ملکی مشاعی	شهرک صنعتی - فاز دو	۱۸۹	
ساختمان اداری پلاک ۲۳ اصلی	۴۵,۰۰۰,۰۰۰	۹,۸۰۰,۰۰۰	۱۲,۳۰۰,۰۰۰	۲۴۵,۰۰۰,۰۰۰	ساختمان (اداری - تجاری)	اراضی ملکی ششدانگ	میدان انقلاب - ضلع شمالی	۵۲۶	
قطعه زمین کشاورزی پلاک ۹۱	۶,۷۰۰,۰۰۰	۰	۰	۳۹,۲۰۰,۰۰۰	عرصه	اراضی ملکی مشاعی	جاده روستای حسن آباد	۱۴۲	
واحد تجاری طبقه همکف پلاک ۱۵	۱۸,۹۰۰,۰۰۰	۲,۴۰۰,۰۰۰	۴,۱۰۰,۰۰۰	۹۸,۶۰۰,۰۰۰	اعیان (تجاری)	اراضی ملکی ششدانگ	خیابان طالقانی - پاساژ مرکزی	۴۱۳	
قطعه زمین شماره ۲۰۷ پلاک ۶۸ اصلی	۱۰,۳۰۰,۰۰۰	۰	۲,۲۰۰,۰۰۰	۷۱,۵۰۰,۰۰۰	عرصه	اراضی ملکی مشاعی	کوی فرهنگیان - خیابان ششم	۲۶۸	
انبار و محوطه پلاک ۳۴ فرعی	۱۴,۶۰۰,۰۰۰	۳,۱۰۰,۰۰۰	۰	۸۷,۳۰۰,۰۰۰	عرصه و اعیان (انبار)	اراضی ملکی ششدانگ	جاده کمربندی - روبروی پمپ بنزین	۳۵۵	
قطعه زمین شماره ۱۲۳ - پلاک ثبتی ۴۵ اصلی	۱۲,۵۰۰,۰۰۰	۰	۳,۸۰۰,۰۰۰	۸۴,۲۰۰,۰۰۰	عرصه	اراضی ملکی مشاعی	خیابان امام خمینی - کوچه شهید بهشتی	۲۱۴	
عرصه و اعیان پلاک ۷۸ فرعی از ۱۲ اصلی	۸,۴۰۰,۰۰۰	۱,۲۰۰,۰۰۰	۰	۵۶,۷۰۰,۰۰۰	عرصه و اعیان (مسکونی)	اراضی ملکی ششدانگ	بلوار آزادی - نبش کوچه ۱۴	۳۰۷	
قطعه زمین شماره ۴۵ تفکیکی	۲۲,۱۰۰,۰۰۰	۰	۵,۶۰۰,۰۰۰	۱۲۸,۴۰۰,۰۰۰	عرصه	اراضی ملکی مشاعی	شهرک صنعتی - فاز دو	۱۸۹	
ساختمان اداری پلاک ۲۳ اصلی	۴۵,۰۰۰,۰۰۰	۹,۸۰۰,۰۰۰	۱۲,۳۰۰,۰۰۰	۲۴۵,۰۰۰,۰۰۰	ساختمان (اداری - تجاری)	اراضی ملکی ششدانگ	میدان انقلاب - ضلع شمالی	۵۲۶	
قطعه زمین کشاورزی پلاک ۹۱	۶,۷۰۰,۰۰۰	۰	۰	۳۹,۲۰۰,۰۰۰	عرصه	اراضی ملکی مشاعی	جاده روستای حسن آباد	۱۴۲	
واحد تجاری طبقه همکف پلاک ۱۵	۱۸,۹۰۰,۰۰۰	۲,۴۰۰,۰۰۰	۴,۱۰۰,۰۰۰	۹۸,۶۰۰,۰۰۰	اعیان (تجاری)	اراضی ملکی ششدانگ	خیابان طالقانی - پاساژ مرکزی	۴۱۳	
قطعه زمین شماره ۲۰۷ پلاک ۶۸ اصلی	۱۰,۳۰۰,۰۰۰	۰	۲,۲۰۰,۰۰۰	۷۱,۵۰۰,۰۰۰	عرصه	اراضی ملکی مشاعی	کوی فرهنگیان - خیابان ششم	۲۶۸	
انبار و محوطه پلاک ۳۴ فرعی	۱۴,۶۰۰,۰۰۰	۳,۱۰۰,۰۰۰	۰	۸۷,۳۰۰,۰۰۰	عرصه و اعیان (انبار)	اراضی ملکی ششدانگ	جاده کمربندی - روبروی پمپ بنزین	۳۵۵	
قطعه زمین شماره ۱۲۳ - پلاک ثبتی ۴۵ اصلی	۱۲,۵۰۰,۰۰۰	۰	۳,۸۰۰,۰۰۰	۸۴,۲۰۰,۰۰۰	عرصه	اراضی ملکی مشاعی	خیابان امام خمینی - کوچه شهید بهشتی	۲۱۴	
عرصه و اعیان پلاک ۷۸ فرعی از ۱۲ اصلی	۸,۴۰۰,۰۰۰	۱,۲۰۰,۰۰۰	۰	۵۶,۷۰۰,۰۰۰	عرصه و اعیان (مسکونی)	اراضی ملکی ششدانگ	بلوار آزادی - نبش کوچه ۱۴	۳۰۷	
قطعه زمین شماره ۴۵ تفکیکی	۲۲,۱۰۰,۰۰۰	۰	۵,۶۰۰,۰۰۰	۱۲۸,۴۰۰,۰۰۰	عرصه	اراضی ملکی مشاعی	شهرک صنعتی - فاز دو	۱۸۹	
ساختمان اداری پلاک ۲۳ اصلی	۴۵,۰۰۰,۰۰۰	۹,۸۰۰,۰۰۰	۱۲,۳۰۰,۰۰۰	۲۴۵,۰۰۰,۰۰۰	ساختمان (اداری - تجاری)	اراضی ملکی ششدانگ	میدان انقلاب - ضلع شمالی	۵۲۶	
قطعه زمین کشاورزی پلاک ۹۱	۶,۷۰۰,۰۰۰	۰	۰	۳۹,۲۰۰,۰۰۰	عرصه	اراضی ملکی مشاعی	جاده روستای حسن آباد	۱۴۲	
واحد تجاری طبقه همکف پلاک ۱۵	۱۸,۹۰۰,۰۰۰	۲,۴۰۰,۰۰۰	۴,۱۰۰,۰۰۰	۹۸,۶۰۰,۰۰۰	اعیان (تجاری)	اراضی ملکی ششدانگ	خیابان طالقانی - پاساژ مرکزی	۴۱۳	
قطعه زمین شماره ۲۰۷ پلاک ۶۸ اصلی	۱۰,۳۰۰,۰۰۰	۰	۲,۲۰۰,۰۰۰	۷۱,۵۰۰,۰۰۰	عرصه	اراضی ملکی مشاعی	کوی فرهنگیان - خیابان ششم	۲۶۸	
انبار و محوطه پلاک ۳۴ فرعی	۱۴,۶۰۰,۰۰۰	۳,۱۰۰,۰۰۰	۰	۸۷,۳۰۰,۰۰۰	عرصه و اعیان (انبار)	اراضی ملکی ششدانگ	جاده کمربندی - روبروی پمپ بنزین	۳۵۵	
قطعه زمین شماره ۱۲۳ - پلاک ثبتی ۴۵ اصلی	۱۲,۵۰۰,۰۰۰	۰	۳,۸۰۰,۰۰۰	۸۴,۲۰۰,۰۰۰	عرصه	اراضی ملکی مشاعی	خیابان امام خمینی - کوچه شهید بهشتی	۲۱۴	
عرصه و اعیان پلاک ۷۸ فرعی از ۱۲ اصلی	۸,۴۰۰,۰۰۰	۱,۲۰۰,۰۰۰	۰	۵۶,۷۰۰,۰۰۰	عرصه و اعیان (مسکونی)	اراضی ملکی ششدانگ	بلوار آزادی - نبش کوچه ۱۴	۳۰۷	
قطعه زمین شماره ۴۵ تفکیکی	۲۲,۱۰۰,۰۰۰	۰	۵,۶۰۰,۰۰۰	۱۲۸,۴۰۰,۰۰۰	عرصه	اراضی ملکی مشاعی	شهرک صنعتی - فاز دو	۱۸۹	
ساختمان اداری پلاک ۲۳ اصلی	۴۵,۰۰۰,۰۰۰	۹,۸۰۰,۰۰۰	۱۲,۳۰۰,۰۰۰	۲۴۵,۰۰۰,۰۰۰	ساختمان (اداری - تجاری)	اراضی ملکی ششدانگ	میدان انقلاب - ضلع شمالی	۵۲۶	
قطعه زمین کشاورزی پلاک ۹۱	۶,۷۰۰,۰۰۰	۰	۰	۳۹,۲۰۰,۰۰۰	عرصه	اراضی ملکی مشاعی	جاده روستای حسن آباد	۱۴۲	
واحد تجاری طبقه همکف پلاک ۱۵	۱۸,۹۰۰,۰۰۰	۲,۴۰۰,۰۰۰	۴,۱۰۰,۰۰۰	۹۸,۶۰۰,۰۰۰	اعیان (تجاری)	اراضی ملکی ششدانگ	خیابان طالقانی - پاساژ مرکزی	۴۱۳	
قطعه زمین شماره ۲۰۷ پلاک ۶۸ اصلی	۱۰,۳۰۰,۰۰۰	۰	۲,۲۰۰,۰۰۰	۷۱,۵۰۰,۰۰۰	عرصه	اراضی ملکی مشاعی	کوی فرهنگیان - خیابان ششم	۲۶۸	
انبار و محوطه پلاک ۳۴ فرعی	۱۴,۶۰۰,۰۰۰	۳,۱۰۰,۰۰۰	۰	۸۷,۳۰۰,۰۰۰	عرصه و اعیان (انبار)	اراضی ملکی ششدانگ	جاده کمربندی - روبروی پمپ بنزین	۳۵۵	
قطعه زمین شماره ۱۲۳ - پلاک ثبتی ۴۵ اصلی	۱۲,۵۰۰,۰۰۰	۰	۳,۸۰۰,۰۰۰	۸۴,۲۰۰,۰۰۰	عرصه	اراضی ملکی مشاعی	خیابان امام خمینی - کوچه شهید بهشتی	۲۱۴	
عرصه و اعیان پلاک ۷۸ فرعی از ۱۲ اصلی	۸,۴۰۰,۰۰۰	۱,۲۰۰,۰۰۰	۰	۵۶,۷۰۰,۰۰۰	عرصه و اعیان (مسکونی)	اراضی ملکی ششدانگ	بلوار آزادی - نبش کوچه ۱۴	۳۰۷	
قطعه زمین شماره ۴۵ تفکیکی	۲۲,۱۰۰,۰۰۰	۰	۵,۶۰۰,۰۰۰	۱۲۸,۴۰۰,۰۰۰	عرصه	اراضی ملکی مشاعی	شهرک صنعتی - فاز دو	۱۸۹	
ساختمان اداری پلاک ۲۳ اصلی	۴۵,۰۰۰,۰۰۰	۹,۸۰۰,۰۰۰	۱۲,۳۰۰,۰۰۰	۲۴۵,۰۰۰,۰۰۰	ساختمان (اداری - تجاری)	اراضی ملکی ششدانگ	میدان انقلاب - ضلع شمالی	۵۲۶	
قطعه زمین کشاورزی پلاک ۹۱	۶,۷۰۰,۰۰۰	۰	۰	۳۹,۲۰۰,۰۰۰	عرصه	اراضی ملکی مشاعی	جاده روستای حسن آباد	۱۴۲	
واحد تجاری طبقه همکف پلاک ۱۵	۱۸,۹۰۰,۰۰۰	۲,۴۰۰,۰۰۰	۴,۱۰۰,۰۰۰	۹۸,۶۰۰,۰۰۰	اعیان (تجاری)	اراضی ملکی ششدانگ	خیابان طالقانی - پاساژ مرکزی	۴۱۳	
قطعه زمین شماره ۲۰۷ پلاک ۶۸ اصلی	۱۰,۳۰۰,۰۰۰	۰	۲,۲۰۰,۰۰۰	۷۱,۵۰۰,۰۰۰	عرصه	اراضی ملکی مشاعی	کوی فرهنگیان - خیابان ششم	۲۶۸	
انبار و محوطه پلاک ۳۴ فرعی	۱۴,۶۰۰,۰۰۰	۳,۱۰۰,۰۰۰	۰	۸۷,۳۰۰,۰۰۰	عرصه و اعیان (انبار)	اراضی ملکی ششدانگ	جاده کمربندی - روبروی پمپ بنزین	۳۵۵	
قطعه زمین شماره ۱۲۳ - پلاک ثبتی ۴۵ اصلی	۱۲,۵۰۰,۰۰۰	۰	۳,۸۰۰,۰۰۰	۸۴,۲۰۰,۰۰۰	عرصه	اراضی ملکی مشاعی	خیابان امام خمینی - کوچه شهید بهشتی	۲۱۴	
عرصه و اعیان پلاک ۷۸ فرعی از ۱۲ اصلی	۸,۴۰۰,۰۰۰	۱,۲۰۰,۰۰۰	۰	۵۶,۷۰۰,۰۰۰	عرصه و اعیان (مسکونی)	اراضی ملکی ششدانگ	بلوار آزادی - نبش کوچه ۱۴	۳۰۷	
قطعه زمین شماره ۴۵ تفکیکی	۲۲,۱۰۰,۰۰۰	۰	۵,۶۰۰,۰۰۰	۱۲۸,۴۰۰,۰۰۰	عرصه	اراضی ملکی مشاعی	شهرک صنعتی - فاز دو	۱۸۹	
ساختمان اداری پلاک ۲۳ اصلی	۴۵,۰۰۰,۰۰۰	۹,۸۰۰,۰۰۰	۱۲,۳۰۰,۰۰۰	۲۴۵,۰۰۰,۰۰۰	ساختمان (اداری - تجاری)	اراضی ملکی ششدانگ	میدان انقلاب - ضلع شمالی	۵۲۶	
قطعه زمین کشاورزی پلاک ۹۱	۶,۷۰۰,۰۰۰	۰	۰	۳۹,۲۰۰,۰۰۰	عرصه	اراضی ملکی مشاعی	جاده روستای حسن آباد	۱۴۲	
واحد تجاری طبقه همکف پلاک ۱۵	۱۸,۹۰۰,۰۰۰	۲,۴۰۰,۰۰۰	۴,۱۰۰,۰۰۰	۹۸,۶۰۰,۰۰۰	اعیان (تجاری)	اراضی ملکی ششدانگ	خیابان طالقانی - پاساژ مرکزی	۴۱۳	
قطعه زمین شماره ۲۰۷ پلاک ۶۸ اصلی	۱۰,۳۰۰,۰۰۰	۰	۲,۲۰۰,۰۰۰	۷۱,۵۰۰,۰۰۰	عرصه	اراضی ملکی مشاعی	کوی فرهنگیان - خیابان ششم	۲۶۸	
انبار و محوطه پلاک ۳۴ فرعی	۱۴,۶۰۰,۰۰۰	۳,۱۰۰,۰۰۰	۰	۸۷,۳۰۰,۰۰۰	عرصه و اعیان (انبار)	اراضی ملکی ششدانگ	جاده کمربندی - روبروی پمپ بنزین	۳۵۵	
قطعه زمین شماره ۱۲۳ - پلاک ثبتی ۴۵ اصلی	۱۲,۵۰۰,۰۰۰	۰	۳,۸۰۰,۰۰۰	۸۴,۲۰۰,۰۰۰	عرصه	اراضی ملکی مشاعی	خیابان امام خمینی - کوچه شهید بهشتی	۲۱۴	
عرصه و اعیان پلاک ۷۸ فرعی از ۱۲ اصلی	۸,۴۰۰,۰۰۰	۱,۲۰۰,۰۰۰	۰	۵۶,۷۰۰,۰۰۰	عرصه و اعیان (مسکونی)	اراضی ملکی ششدانگ	بلوار آزادی - نبش کوچه ۱۴	۳۰۷	
قطعه زمین شماره ۴۵ تفکیکی	۲۲,۱۰۰,۰۰۰	۰	۵,۶۰۰,۰۰۰	۱۲۸,۴۰۰,۰۰۰	عرصه	اراضی ملکی مشاعی	شهرک صنعتی - فاز دو	۱۸۹	
ساختمان اداری پلاک ۲۳ اصلی	۴۵,۰۰۰,۰۰۰	۹,۸۰۰,۰۰۰	۱۲,۳۰۰,۰۰۰	۲۴۵,۰۰۰,۰۰۰	ساختمان (اداری - تجاری)	اراضی ملکی ششدانگ	میدان انقلاب - ضلع شمالی	۵۲۶	
قطعه زمین کشاورزی پلاک ۹۱	۶,۷۰۰,۰۰۰	۰	۰	۳۹,۲۰۰,۰۰۰	عرصه	اراضی ملکی مشاعی	جاده روستای حسن آباد	۱۴۲	
واحد تجاری طبقه همکف پلاک ۱۵	۱۸,۹۰۰,۰۰۰	۲,۴۰۰,۰۰۰	۴,۱۰۰,۰۰۰	۹۸,۶۰۰,۰۰۰	اعیان (تجاری)	اراضی ملکی ششدانگ	خیابان طالقانی - پاساژ مرکزی	۴۱۳	
قطعه زمین شماره ۲۰۷ پلاک ۶۸ اصلی	۱۰,۳۰۰,۰۰۰	۰	۲,۲۰۰,۰۰۰	۷۱,۵۰۰,۰۰۰	عرصه	اراضی ملکی مشاعی	کوی فرهنگیان - خیابان ششم	۲۶۸	
انبار و محوطه پلاک ۳۴ فرعی	۱۴,۶۰۰,۰۰۰	۳,۱۰۰,۰۰۰	۰	۸۷,۳۰۰,۰۰۰	عرصه و اعیان (انبار)	اراضی ملکی ششدانگ	جاده کمربندی - روبروی پمپ بنزین	۳۵۵	
قطعه زمین شماره ۱۲۳ - پلاک ثبتی ۴۵ اصلی	۱۲,۵۰۰,۰۰۰	۰	۳,۸۰۰,۰۰۰	۸۴,۲۰۰,۰۰۰	عرصه	اراضی ملکی مشاعی	خیابان امام خمینی - کوچه شهید بهشتی	۲۱۴	
عرصه و اعیان پلاک ۷۸ فرعی از ۱۲ اصلی	۸,۴۰۰,۰۰۰	۱,۲۰۰,۰۰۰	۰	۵۶,۷۰۰,۰۰۰	عرصه و اعیان (مسکونی)	اراضی ملکی ششدانگ	بلوار آزادی - نبش کوچه ۱۴	۳۰۷	
قطعه زمین شماره ۴۵ تفکیکی	۲۲,۱۰۰,۰۰۰	۰	۵,۶۰۰,۰۰۰	۱۲۸,۴۰۰,۰۰۰	عرصه	اراضی ملکی مشاعی	شهرک صنعتی - فاز دو	۱۸۹	
ساختمان اداری پلاک ۲۳ اصلی	۴۵,۰۰۰,۰۰۰	۹,۸۰۰,۰۰۰	۱۲,۳۰۰,۰۰۰	۲۴۵,۰۰۰,۰۰۰	ساختمان (اداری - تجاری)	اراضی ملکی ششدانگ	میدان انقلاب - ضلع شمالی	۵۲۶	
قطعه زمین کشاورزی پلاک ۹۱	۶,۷۰۰,۰۰۰	۰	۰	۳۹,۲۰۰,۰۰۰	عرصه	اراضی ملکی مشاعی	جاده روستای حسن آباد	۱۴۲	
واحد تجاری طبقه همکف پلاک ۱۵	۱۸,۹۰۰,۰۰۰	۲,۴۰۰,۰۰۰	۴,۱۰۰,۰۰۰	۹۸,۶۰۰,۰۰۰	اعیان (تجاری)	اراضی ملکی ششدانگ	خیابان طالقانی - پاساژ مرکزی	۴۱۳	
قطعه زمین شماره ۲۰۷ پلاک ۶۸ اصلی	۱۰,۳۰۰,۰۰۰	۰	۲,۲۰۰,۰۰۰	۷۱,۵۰۰,۰۰۰	عرصه	اراضی ملکی مشاعی	کوی فرهنگیان - خیابان ششم	۲۶۸	
انبار و محوطه پلاک ۳۴ فرعی	۱۴,۶۰۰,۰۰۰	۳,۱۰۰,۰۰۰	۰	۸۷,۳۰۰,۰۰۰	عرصه و اعیان (انبار)	اراضی ملکی ششدانگ	جاده کمربندی - روبروی پمپ بنزین	۳۵۵	
قطعه زمین شماره ۱۲۳ - پلاک ثبتی ۴۵ اصلی	۱۲,۵۰۰,۰۰۰	۰	۳,۸۰۰,۰۰۰	۸۴,۲۰۰,۰۰۰	عرصه	اراضی ملکی مشاعی	خیابان امام خمینی - کوچه شهید بهشتی	۲۱۴	
